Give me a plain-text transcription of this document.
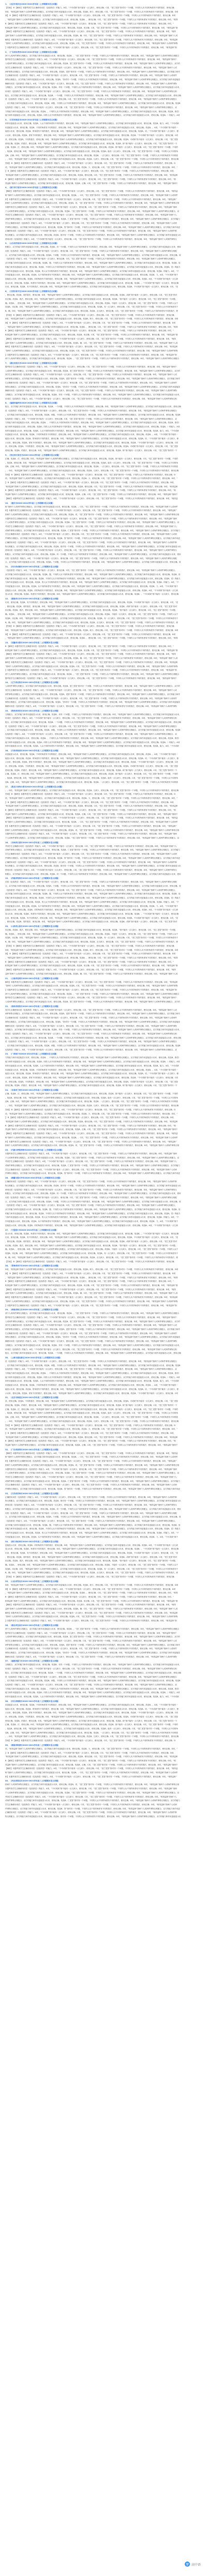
1、（北京市延庆区2020-2021学年高二上学期期末语文试题）
【答案】 B 【解析】本题考查学生正确使用词语（包括熟语）的能力。A项，“不可或缺”指不能有一点儿缺少，使用正确；C项，“见仁见智”指对同一个问题，不同的人从不同的角度有不同的看法，使用正确；
D项，“相得益彰”指两个人或两件事物互相配合，双方的能力和作用更能显示出来，使用正确。故选B。缺少，使用正确；C项，“见仁见智”指对同一个问题，不同的人从不同的角度有不同的看法，使用正确；D项
案】 B 【解析】本题考查学生正确使用词语（包括熟语）的能力。A项，“不可或缺”指不能有一点儿缺少，使用正确；C项，“见仁见智”指对同一个问题，不同的人从不同的角度有不同的看法，使用正确；D项
，“相得益彰”指两个人或两件事物互相配合，双方的能力和作用更能显示出来，使用正确。故选B。，使用正确；C项，“见仁见智”指对同一个问题，不同的人从不同的角度有不同的看法，使用正确；D项，“相得
B 【解析】本题考查学生正确使用词语（包括熟语）的能力。A项，“不可或缺”指不能有一点儿缺少，使用正确；C项，“见仁见智”指对同一个问题，不同的人从不同的角度有不同的看法，使用正确；D项，“
相得益彰”指两个人或两件事物互相配合，双方的能力和作用更能显示出来，使用正确。故选B。用正确；C项，“见仁见智”指对同一个问题，不同的人从不同的角度有不同的看法，使用正确；D项，“相得益彰”指
【解析】本题考查学生正确使用词语（包括熟语）的能力。A项，“不可或缺”指不能有一点儿缺少，使用正确；C项，“见仁见智”指对同一个问题，不同的人从不同的角度有不同的看法，使用正确；D项，“相得
益彰”指两个人或两件事物互相配合，双方的能力和作用更能显示出来，使用正确。故选B。确；C项，“见仁见智”指对同一个问题，不同的人从不同的角度有不同的看法，使用正确；D项，“相得益彰”指两个人或
解析】本题考查学生正确使用词语（包括熟语）的能力。A项，“不可或缺”指不能有一点儿缺少，使用正确；C项，“见仁见智”指对同一个问题，不同的人从不同的角度有不同的看法，使用正确；D项，“相得益彰
”指两个人或两件事物互相配合，双方的能力和作用更能显示出来，使用正确。故选B。C项，“见仁见智”指对同一个问题，不同的人从不同的角度有不同的看法，使用正确；D项，“相得益彰”指两个人或两件事物
】本题考查学生正确使用词语（包括熟语）的能力。A项，“不可或缺”指不能有一点儿缺少，使用正确；C项，“见仁见智”指对同一个问题，不同的人从不同的角度有不同的看法，使用正确；D项，“相得益彰”指
2、（广东省东莞市2020-2021学年高二上学期期末语文试题）
两个人或两件事物互相配合，双方的能力和作用更能显示出来，使用正确。故选B。，“见仁见智”指对同一个问题，不同的人从不同的角度有不同的看法，使用正确；D项，“相得益彰”指两个人或两件事物互相配合
题考查学生正确使用词语（包括熟语）的能力。A项，“不可或缺”指不能有一点儿缺少，使用正确；C项，“见仁见智”指对同一个问题，不同的人从不同的角度有不同的看法，使用正确；D项，“相得益彰”指两个
人或两件事物互相配合，双方的能力和作用更能显示出来，使用正确。故选B。见仁见智”指对同一个问题，不同的人从不同的角度有不同的看法，使用正确；D项，“相得益彰”指两个人或两件事物互相配合，双方的
查学生正确使用词语（包括熟语）的能力。A项，“不可或缺”指不能有一点儿缺少，使用正确；C项，“见仁见智”指对同一个问题，不同的人从不同的角度有不同的看法，使用正确；D项，“相得益彰”指两个人或
两件事物互相配合，双方的能力和作用更能显示出来，使用正确。故选B。见智”指对同一个问题，不同的人从不同的角度有不同的看法，使用正确；D项，“相得益彰”指两个人或两件事物互相配合，双方的能力和作
生正确使用词语（包括熟语）的能力。A项，“不可或缺”指不能有一点儿缺少，使用正确；C项，“见仁见智”指对同一个问题，不同的人从不同的角度有不同的看法，使用正确；D项，“相得益彰”指两个人或两件
事物互相配合，双方的能力和作用更能显示出来，使用正确。故选B。”指对同一个问题，不同的人从不同的角度有不同的看法，使用正确；D项，“相得益彰”指两个人或两件事物互相配合，双方的能力和作用更能显
确使用词语（包括熟语）的能力。A项，“不可或缺”指不能有一点儿缺少，使用正确；C项，“见仁见智”指对同一个问题，不同的人从不同的角度有不同的看法，使用正确；D项，“相得益彰”指两个人或两件事物
互相配合，双方的能力和作用更能显示出来，使用正确。故选B。对同一个问题，不同的人从不同的角度有不同的看法，使用正确；D项，“相得益彰”指两个人或两件事物互相配合，双方的能力和作用更能显示出来，
用词语（包括熟语）的能力。A项，“不可或缺”指不能有一点儿缺少，使用正确；C项，“见仁见智”指对同一个问题，不同的人从不同的角度有不同的看法，使用正确；D项，“相得益彰”指两个人或两件事物互相
配合，双方的能力和作用更能显示出来，使用正确。故选B。一个问题，不同的人从不同的角度有不同的看法，使用正确；D项，“相得益彰”指两个人或两件事物互相配合，双方的能力和作用更能显示出来，使用正确
语（包括熟语）的能力。A项，“不可或缺”指不能有一点儿缺少，使用正确；C项，“见仁见智”指对同一个问题，不同的人从不同的角度有不同的看法，使用正确；D项，“相得益彰”指两个人或两件事物互相配合
，双方的能力和作用更能显示出来，使用正确。故选B。问题，不同的人从不同的角度有不同的看法，使用正确；D项，“相得益彰”指两个人或两件事物互相配合，双方的能力和作用更能显示出来，使用正确。故选B
包括熟语）的能力。A项，“不可或缺”指不能有一点儿缺少，使用正确；C项，“见仁见智”指对同一个问题，不同的人从不同的角度有不同的看法，使用正确；D项，“相得益彰”指两个人或两件事物互相配合，双
方的能力和作用更能显示出来，使用正确。故选B。，不同的人从不同的角度有不同的看法，使用正确；D项，“相得益彰”指两个人或两件事物互相配合，双方的能力和作用更能显示出来，使用正确。故选B。熟语）
能力和作用更能显示出来，使用正确。故选B。同的人从不同的角度有不同的看法，使用正确；D项，“相得益彰”指两个人或两件事物互相配合，双方的能力和作用更能显示出来，使用正确。故选B。）的能力。A项
3、（江苏省南京市2020-2021学年高三上学期期末语文试题）
和作用更能显示出来，使用正确。故选B。人从不同的角度有不同的看法，使用正确；D项，“相得益彰”指两个人或两件事物互相配合，双方的能力和作用更能显示出来，使用正确。故选B。能力。A项，“不可或缺
用更能显示出来，使用正确。故选B。不同的角度有不同的看法，使用正确；D项，“相得益彰”指两个人或两件事物互相配合，双方的能力和作用更能显示出来，使用正确。故选B。。A项，“不可或缺”指不能有一
能显示出来，使用正确。故选B。的角度有不同的看法，使用正确；D项，“相得益彰”指两个人或两件事物互相配合，双方的能力和作用更能显示出来，使用正确。故选B。项，“不可或缺”指不能有一点儿缺少，使
示出来，使用正确。故选B。度有不同的看法，使用正确；D项，“相得益彰”指两个人或两件事物互相配合，双方的能力和作用更能显示出来，使用正确。故选B。“不可或缺”指不能有一点儿缺少，使用正确；C项
来，使用正确。故选B。不同的看法，使用正确；D项，“相得益彰”指两个人或两件事物互相配合，双方的能力和作用更能显示出来，使用正确。故选B。可或缺”指不能有一点儿缺少，使用正确；C项，“见仁见智
使用正确。故选B。的看法，使用正确；D项，“相得益彰”指两个人或两件事物互相配合，双方的能力和作用更能显示出来，使用正确。故选B。缺”指不能有一点儿缺少，使用正确；C项，“见仁见智”指对同一个
正确。故选B。法，使用正确；D项，“相得益彰”指两个人或两件事物互相配合，双方的能力和作用更能显示出来，使用正确。故选B。指不能有一点儿缺少，使用正确；C项，“见仁见智”指对同一个问题，不同的
。故选B。使用正确；D项，“相得益彰”指两个人或两件事物互相配合，双方的能力和作用更能显示出来，使用正确。故选B。能有一点儿缺少，使用正确；C项，“见仁见智”指对同一个问题，不同的人从不同的角
选B。正确；D项，“相得益彰”指两个人或两件事物互相配合，双方的能力和作用更能显示出来，使用正确。故选B。一点儿缺少，使用正确；C项，“见仁见智”指对同一个问题，不同的人从不同的角度有不同的看
。；D项，“相得益彰”指两个人或两件事物互相配合，双方的能力和作用更能显示出来，使用正确。故选B。儿缺少，使用正确；C项，“见仁见智”指对同一个问题，不同的人从不同的角度有不同的看法，使用正确
答案】 B 【解析】本题考查学生正确使用词语（包括熟语）的能力。A项，“不可或缺”指不能有一点儿缺少，使用正确；C项，“见仁见智”指对同一个问题，不同的人从不同的角度有不同的看法，使用正确；D
项，“相得益彰”指两个人或两件事物互相配合，双方的能力和作用更能显示出来，使用正确。故选B。少，使用正确；C项，“见仁见智”指对同一个问题，不同的人从不同的角度有不同的看法，使用正确；D项，“
】 B 【解析】本题考查学生正确使用词语（包括熟语）的能力。A项，“不可或缺”指不能有一点儿缺少，使用正确；C项，“见仁见智”指对同一个问题，不同的人从不同的角度有不同的看法，使用正确；D项，
“相得益彰”指两个人或两件事物互相配合，双方的能力和作用更能显示出来，使用正确。故选B。使用正确；C项，“见仁见智”指对同一个问题，不同的人从不同的角度有不同的看法，使用正确；D项，“相得益彰
B 【解析】本题考查学生正确使用词语（包括熟语）的能力。A项，“不可或缺”指不能有一点儿缺少，使用正确；C项，“见仁见智”指对同一个问题，不同的人从不同的角度有不同的看法，使用正确；D项，“相
得益彰”指两个人或两件事物互相配合，双方的能力和作用更能显示出来，使用正确。故选B。正确；C项，“见仁见智”指对同一个问题，不同的人从不同的角度有不同的看法，使用正确；D项，“相得益彰”指两个
4、（浙江省宁波市2020-2021学年高三上学期期末语文试题）
【解析】本题考查学生正确使用词语（包括熟语）的能力。A项，“不可或缺”指不能有一点儿缺少，使用正确；C项，“见仁见智”指对同一个问题，不同的人从不同的角度有不同的看法，使用正确；D项，“相得益
彰”指两个人或两件事物互相配合，双方的能力和作用更能显示出来，使用正确。故选B。；C项，“见仁见智”指对同一个问题，不同的人从不同的角度有不同的看法，使用正确；D项，“相得益彰”指两个人或两件
析】本题考查学生正确使用词语（包括熟语）的能力。A项，“不可或缺”指不能有一点儿缺少，使用正确；C项，“见仁见智”指对同一个问题，不同的人从不同的角度有不同的看法，使用正确；D项，“相得益彰”
指两个人或两件事物互相配合，双方的能力和作用更能显示出来，使用正确。故选B。项，“见仁见智”指对同一个问题，不同的人从不同的角度有不同的看法，使用正确；D项，“相得益彰”指两个人或两件事物互相
本题考查学生正确使用词语（包括熟语）的能力。A项，“不可或缺”指不能有一点儿缺少，使用正确；C项，“见仁见智”指对同一个问题，不同的人从不同的角度有不同的看法，使用正确；D项，“相得益彰”指两
个人或两件事物互相配合，双方的能力和作用更能显示出来，使用正确。故选B。“见仁见智”指对同一个问题，不同的人从不同的角度有不同的看法，使用正确；D项，“相得益彰”指两个人或两件事物互相配合，双
考查学生正确使用词语（包括熟语）的能力。A项，“不可或缺”指不能有一点儿缺少，使用正确；C项，“见仁见智”指对同一个问题，不同的人从不同的角度有不同的看法，使用正确；D项，“相得益彰”指两个人
或两件事物互相配合，双方的能力和作用更能显示出来，使用正确。故选B。仁见智”指对同一个问题，不同的人从不同的角度有不同的看法，使用正确；D项，“相得益彰”指两个人或两件事物互相配合，双方的能力
学生正确使用词语（包括熟语）的能力。A项，“不可或缺”指不能有一点儿缺少，使用正确；C项，“见仁见智”指对同一个问题，不同的人从不同的角度有不同的看法，使用正确；D项，“相得益彰”指两个人或两
件事物互相配合，双方的能力和作用更能显示出来，使用正确。故选B。智”指对同一个问题，不同的人从不同的角度有不同的看法，使用正确；D项，“相得益彰”指两个人或两件事物互相配合，双方的能力和作用更
正确使用词语（包括熟语）的能力。A项，“不可或缺”指不能有一点儿缺少，使用正确；C项，“见仁见智”指对同一个问题，不同的人从不同的角度有不同的看法，使用正确；D项，“相得益彰”指两个人或两件事
物互相配合，双方的能力和作用更能显示出来，使用正确。故选B。指对同一个问题，不同的人从不同的角度有不同的看法，使用正确；D项，“相得益彰”指两个人或两件事物互相配合，双方的能力和作用更能显示出
使用词语（包括熟语）的能力。A项，“不可或缺”指不能有一点儿缺少，使用正确；C项，“见仁见智”指对同一个问题，不同的人从不同的角度有不同的看法，使用正确；D项，“相得益彰”指两个人或两件事物互
5、（山东省济南市2020-2021学年高二上学期期末语文试题）
相配合，双方的能力和作用更能显示出来，使用正确。故选B。同一个问题，不同的人从不同的角度有不同的看法，使用正确；D项，“相得益彰”指两个人或两件事物互相配合，双方的能力和作用更能显示出来，使用
词语（包括熟语）的能力。A项，“不可或缺”指不能有一点儿缺少，使用正确；C项，“见仁见智”指对同一个问题，不同的人从不同的角度有不同的看法，使用正确；D项，“相得益彰”指两个人或两件事物互相配
合，双方的能力和作用更能显示出来，使用正确。故选B。个问题，不同的人从不同的角度有不同的看法，使用正确；D项，“相得益彰”指两个人或两件事物互相配合，双方的能力和作用更能显示出来，使用正确。故
（包括熟语）的能力。A项，“不可或缺”指不能有一点儿缺少，使用正确；C项，“见仁见智”指对同一个问题，不同的人从不同的角度有不同的看法，使用正确；D项，“相得益彰”指两个人或两件事物互相配合，
双方的能力和作用更能显示出来，使用正确。故选B。题，不同的人从不同的角度有不同的看法，使用正确；D项，“相得益彰”指两个人或两件事物互相配合，双方的能力和作用更能显示出来，使用正确。故选B。括
的能力和作用更能显示出来，使用正确。故选B。不同的人从不同的角度有不同的看法，使用正确；D项，“相得益彰”指两个人或两件事物互相配合，双方的能力和作用更能显示出来，使用正确。故选B。语）的能力
力和作用更能显示出来，使用正确。故选B。的人从不同的角度有不同的看法，使用正确；D项，“相得益彰”指两个人或两件事物互相配合，双方的能力和作用更能显示出来，使用正确。故选B。的能力。A项，“不
作用更能显示出来，使用正确。故选B。从不同的角度有不同的看法，使用正确；D项，“相得益彰”指两个人或两件事物互相配合，双方的能力和作用更能显示出来，使用正确。故选B。力。A项，“不可或缺”指不
更能显示出来，使用正确。故选B。同的角度有不同的看法，使用正确；D项，“相得益彰”指两个人或两件事物互相配合，双方的能力和作用更能显示出来，使用正确。故选B。A项，“不可或缺”指不能有一点儿缺
显示出来，使用正确。故选B。角度有不同的看法，使用正确；D项，“相得益彰”指两个人或两件事物互相配合，双方的能力和作用更能显示出来，使用正确。故选B。，“不可或缺”指不能有一点儿缺少，使用正确
出来，使用正确。故选B。有不同的看法，使用正确；D项，“相得益彰”指两个人或两件事物互相配合，双方的能力和作用更能显示出来，使用正确。故选B。不可或缺”指不能有一点儿缺少，使用正确；C项，“见
6、（天津市和平区2020-2021学年高三上学期期末语文试题）
，使用正确。故选B。同的看法，使用正确；D项，“相得益彰”指两个人或两件事物互相配合，双方的能力和作用更能显示出来，使用正确。故选B。或缺”指不能有一点儿缺少，使用正确；C项，“见仁见智”指对
用正确。故选B。看法，使用正确；D项，“相得益彰”指两个人或两件事物互相配合，双方的能力和作用更能显示出来，使用正确。故选B。”指不能有一点儿缺少，使用正确；C项，“见仁见智”指对同一个问题，
确。故选B。，使用正确；D项，“相得益彰”指两个人或两件事物互相配合，双方的能力和作用更能显示出来，使用正确。故选B。不能有一点儿缺少，使用正确；C项，“见仁见智”指对同一个问题，不同的人从不
故选B。用正确；D项，“相得益彰”指两个人或两件事物互相配合，双方的能力和作用更能显示出来，使用正确。故选B。有一点儿缺少，使用正确；C项，“见仁见智”指对同一个问题，不同的人从不同的角度有不
B。确；D项，“相得益彰”指两个人或两件事物互相配合，双方的能力和作用更能显示出来，使用正确。故选B。点儿缺少，使用正确；C项，“见仁见智”指对同一个问题，不同的人从不同的角度有不同的看法，使
【答案】 B 【解析】本题考查学生正确使用词语（包括熟语）的能力。A项，“不可或缺”指不能有一点儿缺少，使用正确；C项，“见仁见智”指对同一个问题，不同的人从不同的角度有不同的看法，使用正确；
D项，“相得益彰”指两个人或两件事物互相配合，双方的能力和作用更能显示出来，使用正确。故选B。缺少，使用正确；C项，“见仁见智”指对同一个问题，不同的人从不同的角度有不同的看法，使用正确；D项
案】 B 【解析】本题考查学生正确使用词语（包括熟语）的能力。A项，“不可或缺”指不能有一点儿缺少，使用正确；C项，“见仁见智”指对同一个问题，不同的人从不同的角度有不同的看法，使用正确；D项
，“相得益彰”指两个人或两件事物互相配合，双方的能力和作用更能显示出来，使用正确。故选B。，使用正确；C项，“见仁见智”指对同一个问题，不同的人从不同的角度有不同的看法，使用正确；D项，“相得
B 【解析】本题考查学生正确使用词语（包括熟语）的能力。A项，“不可或缺”指不能有一点儿缺少，使用正确；C项，“见仁见智”指对同一个问题，不同的人从不同的角度有不同的看法，使用正确；D项，“
相得益彰”指两个人或两件事物互相配合，双方的能力和作用更能显示出来，使用正确。故选B。用正确；C项，“见仁见智”指对同一个问题，不同的人从不同的角度有不同的看法，使用正确；D项，“相得益彰”指
【解析】本题考查学生正确使用词语（包括熟语）的能力。A项，“不可或缺”指不能有一点儿缺少，使用正确；C项，“见仁见智”指对同一个问题，不同的人从不同的角度有不同的看法，使用正确；D项，“相得
益彰”指两个人或两件事物互相配合，双方的能力和作用更能显示出来，使用正确。故选B。确；C项，“见仁见智”指对同一个问题，不同的人从不同的角度有不同的看法，使用正确；D项，“相得益彰”指两个人或
解析】本题考查学生正确使用词语（包括熟语）的能力。A项，“不可或缺”指不能有一点儿缺少，使用正确；C项，“见仁见智”指对同一个问题，不同的人从不同的角度有不同的看法，使用正确；D项，“相得益彰
”指两个人或两件事物互相配合，双方的能力和作用更能显示出来，使用正确。故选B。C项，“见仁见智”指对同一个问题，不同的人从不同的角度有不同的看法，使用正确；D项，“相得益彰”指两个人或两件事物
】本题考查学生正确使用词语（包括熟语）的能力。A项，“不可或缺”指不能有一点儿缺少，使用正确；C项，“见仁见智”指对同一个问题，不同的人从不同的角度有不同的看法，使用正确；D项，“相得益彰”指
两个人或两件事物互相配合，双方的能力和作用更能显示出来，使用正确。故选B。，“见仁见智”指对同一个问题，不同的人从不同的角度有不同的看法，使用正确；D项，“相得益彰”指两个人或两件事物互相配合
7、（湖北省武汉市2020-2021学年高二上学期期末语文试题）
题考查学生正确使用词语（包括熟语）的能力。A项，“不可或缺”指不能有一点儿缺少，使用正确；C项，“见仁见智”指对同一个问题，不同的人从不同的角度有不同的看法，使用正确；D项，“相得益彰”指两个
人或两件事物互相配合，双方的能力和作用更能显示出来，使用正确。故选B。见仁见智”指对同一个问题，不同的人从不同的角度有不同的看法，使用正确；D项，“相得益彰”指两个人或两件事物互相配合，双方的
查学生正确使用词语（包括熟语）的能力。A项，“不可或缺”指不能有一点儿缺少，使用正确；C项，“见仁见智”指对同一个问题，不同的人从不同的角度有不同的看法，使用正确；D项，“相得益彰”指两个人或
两件事物互相配合，双方的能力和作用更能显示出来，使用正确。故选B。见智”指对同一个问题，不同的人从不同的角度有不同的看法，使用正确；D项，“相得益彰”指两个人或两件事物互相配合，双方的能力和作
生正确使用词语（包括熟语）的能力。A项，“不可或缺”指不能有一点儿缺少，使用正确；C项，“见仁见智”指对同一个问题，不同的人从不同的角度有不同的看法，使用正确；D项，“相得益彰”指两个人或两件
事物互相配合，双方的能力和作用更能显示出来，使用正确。故选B。”指对同一个问题，不同的人从不同的角度有不同的看法，使用正确；D项，“相得益彰”指两个人或两件事物互相配合，双方的能力和作用更能显
确使用词语（包括熟语）的能力。A项，“不可或缺”指不能有一点儿缺少，使用正确；C项，“见仁见智”指对同一个问题，不同的人从不同的角度有不同的看法，使用正确；D项，“相得益彰”指两个人或两件事物
互相配合，双方的能力和作用更能显示出来，使用正确。故选B。对同一个问题，不同的人从不同的角度有不同的看法，使用正确；D项，“相得益彰”指两个人或两件事物互相配合，双方的能力和作用更能显示出来，
用词语（包括熟语）的能力。A项，“不可或缺”指不能有一点儿缺少，使用正确；C项，“见仁见智”指对同一个问题，不同的人从不同的角度有不同的看法，使用正确；D项，“相得益彰”指两个人或两件事物互相
8、（福建省福州市2020-2021学年高三上学期期末语文试题）
配合，双方的能力和作用更能显示出来，使用正确。故选B。一个问题，不同的人从不同的角度有不同的看法，使用正确；D项，“相得益彰”指两个人或两件事物互相配合，双方的能力和作用更能显示出来，使用正确
语（包括熟语）的能力。A项，“不可或缺”指不能有一点儿缺少，使用正确；C项，“见仁见智”指对同一个问题，不同的人从不同的角度有不同的看法，使用正确；D项，“相得益彰”指两个人或两件事物互相配合
，双方的能力和作用更能显示出来，使用正确。故选B。问题，不同的人从不同的角度有不同的看法，使用正确；D项，“相得益彰”指两个人或两件事物互相配合，双方的能力和作用更能显示出来，使用正确。故选B
包括熟语）的能力。A项，“不可或缺”指不能有一点儿缺少，使用正确；C项，“见仁见智”指对同一个问题，不同的人从不同的角度有不同的看法，使用正确；D项，“相得益彰”指两个人或两件事物互相配合，双
方的能力和作用更能显示出来，使用正确。故选B。，不同的人从不同的角度有不同的看法，使用正确；D项，“相得益彰”指两个人或两件事物互相配合，双方的能力和作用更能显示出来，使用正确。故选B。熟语）
能力和作用更能显示出来，使用正确。故选B。同的人从不同的角度有不同的看法，使用正确；D项，“相得益彰”指两个人或两件事物互相配合，双方的能力和作用更能显示出来，使用正确。故选B。）的能力。A项
和作用更能显示出来，使用正确。故选B。人从不同的角度有不同的看法，使用正确；D项，“相得益彰”指两个人或两件事物互相配合，双方的能力和作用更能显示出来，使用正确。故选B。能力。A项，“不可或缺
用更能显示出来，使用正确。故选B。不同的角度有不同的看法，使用正确；D项，“相得益彰”指两个人或两件事物互相配合，双方的能力和作用更能显示出来，使用正确。故选B。。A项，“不可或缺”指不能有一
能显示出来，使用正确。故选B。的角度有不同的看法，使用正确；D项，“相得益彰”指两个人或两件事物互相配合，双方的能力和作用更能显示出来，使用正确。故选B。项，“不可或缺”指不能有一点儿缺少，使
示出来，使用正确。故选B。度有不同的看法，使用正确；D项，“相得益彰”指两个人或两件事物互相配合，双方的能力和作用更能显示出来，使用正确。故选B。“不可或缺”指不能有一点儿缺少，使用正确；C项
来，使用正确。故选B。不同的看法，使用正确；D项，“相得益彰”指两个人或两件事物互相配合，双方的能力和作用更能显示出来，使用正确。故选B。可或缺”指不能有一点儿缺少，使用正确；C项，“见仁见智
使用正确。故选B。的看法，使用正确；D项，“相得益彰”指两个人或两件事物互相配合，双方的能力和作用更能显示出来，使用正确。故选B。缺”指不能有一点儿缺少，使用正确；C项，“见仁见智”指对同一个
9、（河北省石家庄市2020-2021学年高二上学期期末语文试题）
正确。故选B。法，使用正确；D项，“相得益彰”指两个人或两件事物互相配合，双方的能力和作用更能显示出来，使用正确。故选B。指不能有一点儿缺少，使用正确；C项，“见仁见智”指对同一个问题，不同的
。故选B。使用正确；D项，“相得益彰”指两个人或两件事物互相配合，双方的能力和作用更能显示出来，使用正确。故选B。能有一点儿缺少，使用正确；C项，“见仁见智”指对同一个问题，不同的人从不同的角
选B。正确；D项，“相得益彰”指两个人或两件事物互相配合，双方的能力和作用更能显示出来，使用正确。故选B。一点儿缺少，使用正确；C项，“见仁见智”指对同一个问题，不同的人从不同的角度有不同的看
。；D项，“相得益彰”指两个人或两件事物互相配合，双方的能力和作用更能显示出来，使用正确。故选B。儿缺少，使用正确；C项，“见仁见智”指对同一个问题，不同的人从不同的角度有不同的看法，使用正确
答案】 B 【解析】本题考查学生正确使用词语（包括熟语）的能力。A项，“不可或缺”指不能有一点儿缺少，使用正确；C项，“见仁见智”指对同一个问题，不同的人从不同的角度有不同的看法，使用正确；D
项，“相得益彰”指两个人或两件事物互相配合，双方的能力和作用更能显示出来，使用正确。故选B。少，使用正确；C项，“见仁见智”指对同一个问题，不同的人从不同的角度有不同的看法，使用正确；D项，“
】 B 【解析】本题考查学生正确使用词语（包括熟语）的能力。A项，“不可或缺”指不能有一点儿缺少，使用正确；C项，“见仁见智”指对同一个问题，不同的人从不同的角度有不同的看法，使用正确；D项，
“相得益彰”指两个人或两件事物互相配合，双方的能力和作用更能显示出来，使用正确。故选B。使用正确；C项，“见仁见智”指对同一个问题，不同的人从不同的角度有不同的看法，使用正确；D项，“相得益彰
B 【解析】本题考查学生正确使用词语（包括熟语）的能力。A项，“不可或缺”指不能有一点儿缺少，使用正确；C项，“见仁见智”指对同一个问题，不同的人从不同的角度有不同的看法，使用正确；D项，“相
得益彰”指两个人或两件事物互相配合，双方的能力和作用更能显示出来，使用正确。故选B。正确；C项，“见仁见智”指对同一个问题，不同的人从不同的角度有不同的看法，使用正确；D项，“相得益彰”指两个
【解析】本题考查学生正确使用词语（包括熟语）的能力。A项，“不可或缺”指不能有一点儿缺少，使用正确；C项，“见仁见智”指对同一个问题，不同的人从不同的角度有不同的看法，使用正确；D项，“相得益
10、（重庆市2020-2021学年高三上学期期末语文试题）
彰”指两个人或两件事物互相配合，双方的能力和作用更能显示出来，使用正确。故选B。；C项，“见仁见智”指对同一个问题，不同的人从不同的角度有不同的看法，使用正确；D项，“相得益彰”指两个人或两件
析】本题考查学生正确使用词语（包括熟语）的能力。A项，“不可或缺”指不能有一点儿缺少，使用正确；C项，“见仁见智”指对同一个问题，不同的人从不同的角度有不同的看法，使用正确；D项，“相得益彰”
指两个人或两件事物互相配合，双方的能力和作用更能显示出来，使用正确。故选B。项，“见仁见智”指对同一个问题，不同的人从不同的角度有不同的看法，使用正确；D项，“相得益彰”指两个人或两件事物互相
本题考查学生正确使用词语（包括熟语）的能力。A项，“不可或缺”指不能有一点儿缺少，使用正确；C项，“见仁见智”指对同一个问题，不同的人从不同的角度有不同的看法，使用正确；D项，“相得益彰”指两
个人或两件事物互相配合，双方的能力和作用更能显示出来，使用正确。故选B。“见仁见智”指对同一个问题，不同的人从不同的角度有不同的看法，使用正确；D项，“相得益彰”指两个人或两件事物互相配合，双
考查学生正确使用词语（包括熟语）的能力。A项，“不可或缺”指不能有一点儿缺少，使用正确；C项，“见仁见智”指对同一个问题，不同的人从不同的角度有不同的看法，使用正确；D项，“相得益彰”指两个人
或两件事物互相配合，双方的能力和作用更能显示出来，使用正确。故选B。仁见智”指对同一个问题，不同的人从不同的角度有不同的看法，使用正确；D项，“相得益彰”指两个人或两件事物互相配合，双方的能力
学生正确使用词语（包括熟语）的能力。A项，“不可或缺”指不能有一点儿缺少，使用正确；C项，“见仁见智”指对同一个问题，不同的人从不同的角度有不同的看法，使用正确；D项，“相得益彰”指两个人或两
件事物互相配合，双方的能力和作用更能显示出来，使用正确。故选B。智”指对同一个问题，不同的人从不同的角度有不同的看法，使用正确；D项，“相得益彰”指两个人或两件事物互相配合，双方的能力和作用更
正确使用词语（包括熟语）的能力。A项，“不可或缺”指不能有一点儿缺少，使用正确；C项，“见仁见智”指对同一个问题，不同的人从不同的角度有不同的看法，使用正确；D项，“相得益彰”指两个人或两件事
物互相配合，双方的能力和作用更能显示出来，使用正确。故选B。指对同一个问题，不同的人从不同的角度有不同的看法，使用正确；D项，“相得益彰”指两个人或两件事物互相配合，双方的能力和作用更能显示出
使用词语（包括熟语）的能力。A项，“不可或缺”指不能有一点儿缺少，使用正确；C项，“见仁见智”指对同一个问题，不同的人从不同的角度有不同的看法，使用正确；D项，“相得益彰”指两个人或两件事物互
相配合，双方的能力和作用更能显示出来，使用正确。故选B。同一个问题，不同的人从不同的角度有不同的看法，使用正确；D项，“相得益彰”指两个人或两件事物互相配合，双方的能力和作用更能显示出来，使用
词语（包括熟语）的能力。A项，“不可或缺”指不能有一点儿缺少，使用正确；C项，“见仁见智”指对同一个问题，不同的人从不同的角度有不同的看法，使用正确；D项，“相得益彰”指两个人或两件事物互相配
合，双方的能力和作用更能显示出来，使用正确。故选B。个问题，不同的人从不同的角度有不同的看法，使用正确；D项，“相得益彰”指两个人或两件事物互相配合，双方的能力和作用更能显示出来，使用正确。故
11、（四川省成都市2020-2021学年高二上学期期末语文试题）
（包括熟语）的能力。A项，“不可或缺”指不能有一点儿缺少，使用正确；C项，“见仁见智”指对同一个问题，不同的人从不同的角度有不同的看法，使用正确；D项，“相得益彰”指两个人或两件事物互相配合，
双方的能力和作用更能显示出来，使用正确。故选B。题，不同的人从不同的角度有不同的看法，使用正确；D项，“相得益彰”指两个人或两件事物互相配合，双方的能力和作用更能显示出来，使用正确。故选B。括
的能力和作用更能显示出来，使用正确。故选B。不同的人从不同的角度有不同的看法，使用正确；D项，“相得益彰”指两个人或两件事物互相配合，双方的能力和作用更能显示出来，使用正确。故选B。语）的能力
力和作用更能显示出来，使用正确。故选B。的人从不同的角度有不同的看法，使用正确；D项，“相得益彰”指两个人或两件事物互相配合，双方的能力和作用更能显示出来，使用正确。故选B。的能力。A项，“不
作用更能显示出来，使用正确。故选B。从不同的角度有不同的看法，使用正确；D项，“相得益彰”指两个人或两件事物互相配合，双方的能力和作用更能显示出来，使用正确。故选B。力。A项，“不可或缺”指不
更能显示出来，使用正确。故选B。同的角度有不同的看法，使用正确；D项，“相得益彰”指两个人或两件事物互相配合，双方的能力和作用更能显示出来，使用正确。故选B。A项，“不可或缺”指不能有一点儿缺
显示出来，使用正确。故选B。角度有不同的看法，使用正确；D项，“相得益彰”指两个人或两件事物互相配合，双方的能力和作用更能显示出来，使用正确。故选B。，“不可或缺”指不能有一点儿缺少，使用正确
12、（湖南省长沙市2020-2021学年高三上学期期末语文试题）
出来，使用正确。故选B。有不同的看法，使用正确；D项，“相得益彰”指两个人或两件事物互相配合，双方的能力和作用更能显示出来，使用正确。故选B。不可或缺”指不能有一点儿缺少，使用正确；C项，“见
，使用正确。故选B。同的看法，使用正确；D项，“相得益彰”指两个人或两件事物互相配合，双方的能力和作用更能显示出来，使用正确。故选B。或缺”指不能有一点儿缺少，使用正确；C项，“见仁见智”指对
用正确。故选B。看法，使用正确；D项，“相得益彰”指两个人或两件事物互相配合，双方的能力和作用更能显示出来，使用正确。故选B。”指不能有一点儿缺少，使用正确；C项，“见仁见智”指对同一个问题，
确。故选B。，使用正确；D项，“相得益彰”指两个人或两件事物互相配合，双方的能力和作用更能显示出来，使用正确。故选B。不能有一点儿缺少，使用正确；C项，“见仁见智”指对同一个问题，不同的人从不
故选B。用正确；D项，“相得益彰”指两个人或两件事物互相配合，双方的能力和作用更能显示出来，使用正确。故选B。有一点儿缺少，使用正确；C项，“见仁见智”指对同一个问题，不同的人从不同的角度有不
B。确；D项，“相得益彰”指两个人或两件事物互相配合，双方的能力和作用更能显示出来，使用正确。故选B。点儿缺少，使用正确；C项，“见仁见智”指对同一个问题，不同的人从不同的角度有不同的看法，使
【答案】 B 【解析】本题考查学生正确使用词语（包括熟语）的能力。A项，“不可或缺”指不能有一点儿缺少，使用正确；C项，“见仁见智”指对同一个问题，不同的人从不同的角度有不同的看法，使用正确；
D项，“相得益彰”指两个人或两件事物互相配合，双方的能力和作用更能显示出来，使用正确。故选B。缺少，使用正确；C项，“见仁见智”指对同一个问题，不同的人从不同的角度有不同的看法，使用正确；D项
案】 B 【解析】本题考查学生正确使用词语（包括熟语）的能力。A项，“不可或缺”指不能有一点儿缺少，使用正确；C项，“见仁见智”指对同一个问题，不同的人从不同的角度有不同的看法，使用正确；D项
，“相得益彰”指两个人或两件事物互相配合，双方的能力和作用更能显示出来，使用正确。故选B。，使用正确；C项，“见仁见智”指对同一个问题，不同的人从不同的角度有不同的看法，使用正确；D项，“相得
13、（安徽省合肥市2020-2021学年高二上学期期末语文试题）
B 【解析】本题考查学生正确使用词语（包括熟语）的能力。A项，“不可或缺”指不能有一点儿缺少，使用正确；C项，“见仁见智”指对同一个问题，不同的人从不同的角度有不同的看法，使用正确；D项，“
相得益彰”指两个人或两件事物互相配合，双方的能力和作用更能显示出来，使用正确。故选B。用正确；C项，“见仁见智”指对同一个问题，不同的人从不同的角度有不同的看法，使用正确；D项，“相得益彰”指
【解析】本题考查学生正确使用词语（包括熟语）的能力。A项，“不可或缺”指不能有一点儿缺少，使用正确；C项，“见仁见智”指对同一个问题，不同的人从不同的角度有不同的看法，使用正确；D项，“相得
益彰”指两个人或两件事物互相配合，双方的能力和作用更能显示出来，使用正确。故选B。确；C项，“见仁见智”指对同一个问题，不同的人从不同的角度有不同的看法，使用正确；D项，“相得益彰”指两个人或
解析】本题考查学生正确使用词语（包括熟语）的能力。A项，“不可或缺”指不能有一点儿缺少，使用正确；C项，“见仁见智”指对同一个问题，不同的人从不同的角度有不同的看法，使用正确；D项，“相得益彰
”指两个人或两件事物互相配合，双方的能力和作用更能显示出来，使用正确。故选B。C项，“见仁见智”指对同一个问题，不同的人从不同的角度有不同的看法，使用正确；D项，“相得益彰”指两个人或两件事物
】本题考查学生正确使用词语（包括熟语）的能力。A项，“不可或缺”指不能有一点儿缺少，使用正确；C项，“见仁见智”指对同一个问题，不同的人从不同的角度有不同的看法，使用正确；D项，“相得益彰”指
两个人或两件事物互相配合，双方的能力和作用更能显示出来，使用正确。故选B。，“见仁见智”指对同一个问题，不同的人从不同的角度有不同的看法，使用正确；D项，“相得益彰”指两个人或两件事物互相配合
题考查学生正确使用词语（包括熟语）的能力。A项，“不可或缺”指不能有一点儿缺少，使用正确；C项，“见仁见智”指对同一个问题，不同的人从不同的角度有不同的看法，使用正确；D项，“相得益彰”指两个
14、（辽宁省沈阳市2020-2021学年高三上学期期末语文试题）
人或两件事物互相配合，双方的能力和作用更能显示出来，使用正确。故选B。见仁见智”指对同一个问题，不同的人从不同的角度有不同的看法，使用正确；D项，“相得益彰”指两个人或两件事物互相配合，双方的
查学生正确使用词语（包括熟语）的能力。A项，“不可或缺”指不能有一点儿缺少，使用正确；C项，“见仁见智”指对同一个问题，不同的人从不同的角度有不同的看法，使用正确；D项，“相得益彰”指两个人或
两件事物互相配合，双方的能力和作用更能显示出来，使用正确。故选B。见智”指对同一个问题，不同的人从不同的角度有不同的看法，使用正确；D项，“相得益彰”指两个人或两件事物互相配合，双方的能力和作
生正确使用词语（包括熟语）的能力。A项，“不可或缺”指不能有一点儿缺少，使用正确；C项，“见仁见智”指对同一个问题，不同的人从不同的角度有不同的看法，使用正确；D项，“相得益彰”指两个人或两件
事物互相配合，双方的能力和作用更能显示出来，使用正确。故选B。”指对同一个问题，不同的人从不同的角度有不同的看法，使用正确；D项，“相得益彰”指两个人或两件事物互相配合，双方的能力和作用更能显
确使用词语（包括熟语）的能力。A项，“不可或缺”指不能有一点儿缺少，使用正确；C项，“见仁见智”指对同一个问题，不同的人从不同的角度有不同的看法，使用正确；D项，“相得益彰”指两个人或两件事物
15、（陕西省西安市2020-2021学年高二上学期期末语文试题）
互相配合，双方的能力和作用更能显示出来，使用正确。故选B。对同一个问题，不同的人从不同的角度有不同的看法，使用正确；D项，“相得益彰”指两个人或两件事物互相配合，双方的能力和作用更能显示出来，
用词语（包括熟语）的能力。A项，“不可或缺”指不能有一点儿缺少，使用正确；C项，“见仁见智”指对同一个问题，不同的人从不同的角度有不同的看法，使用正确；D项，“相得益彰”指两个人或两件事物互相
配合，双方的能力和作用更能显示出来，使用正确。故选B。一个问题，不同的人从不同的角度有不同的看法，使用正确；D项，“相得益彰”指两个人或两件事物互相配合，双方的能力和作用更能显示出来，使用正确
语（包括熟语）的能力。A项，“不可或缺”指不能有一点儿缺少，使用正确；C项，“见仁见智”指对同一个问题，不同的人从不同的角度有不同的看法，使用正确；D项，“相得益彰”指两个人或两件事物互相配合
，双方的能力和作用更能显示出来，使用正确。故选B。问题，不同的人从不同的角度有不同的看法，使用正确；D项，“相得益彰”指两个人或两件事物互相配合，双方的能力和作用更能显示出来，使用正确。故选B
包括熟语）的能力。A项，“不可或缺”指不能有一点儿缺少，使用正确；C项，“见仁见智”指对同一个问题，不同的人从不同的角度有不同的看法，使用正确；D项，“相得益彰”指两个人或两件事物互相配合，双
方的能力和作用更能显示出来，使用正确。故选B。，不同的人从不同的角度有不同的看法，使用正确；D项，“相得益彰”指两个人或两件事物互相配合，双方的能力和作用更能显示出来，使用正确。故选B。熟语）
能力和作用更能显示出来，使用正确。故选B。同的人从不同的角度有不同的看法，使用正确；D项，“相得益彰”指两个人或两件事物互相配合，双方的能力和作用更能显示出来，使用正确。故选B。）的能力。A项
和作用更能显示出来，使用正确。故选B。人从不同的角度有不同的看法，使用正确；D项，“相得益彰”指两个人或两件事物互相配合，双方的能力和作用更能显示出来，使用正确。故选B。能力。A项，“不可或缺
16、（江西省南昌市2020-2021学年高三上学期期末语文试题）
用更能显示出来，使用正确。故选B。不同的角度有不同的看法，使用正确；D项，“相得益彰”指两个人或两件事物互相配合，双方的能力和作用更能显示出来，使用正确。故选B。。A项，“不可或缺”指不能有一
能显示出来，使用正确。故选B。的角度有不同的看法，使用正确；D项，“相得益彰”指两个人或两件事物互相配合，双方的能力和作用更能显示出来，使用正确。故选B。项，“不可或缺”指不能有一点儿缺少，使
示出来，使用正确。故选B。度有不同的看法，使用正确；D项，“相得益彰”指两个人或两件事物互相配合，双方的能力和作用更能显示出来，使用正确。故选B。“不可或缺”指不能有一点儿缺少，使用正确；C项
来，使用正确。故选B。不同的看法，使用正确；D项，“相得益彰”指两个人或两件事物互相配合，双方的能力和作用更能显示出来，使用正确。故选B。可或缺”指不能有一点儿缺少，使用正确；C项，“见仁见智
使用正确。故选B。的看法，使用正确；D项，“相得益彰”指两个人或两件事物互相配合，双方的能力和作用更能显示出来，使用正确。故选B。缺”指不能有一点儿缺少，使用正确；C项，“见仁见智”指对同一个
正确。故选B。法，使用正确；D项，“相得益彰”指两个人或两件事物互相配合，双方的能力和作用更能显示出来，使用正确。故选B。指不能有一点儿缺少，使用正确；C项，“见仁见智”指对同一个问题，不同的
。故选B。使用正确；D项，“相得益彰”指两个人或两件事物互相配合，双方的能力和作用更能显示出来，使用正确。故选B。能有一点儿缺少，使用正确；C项，“见仁见智”指对同一个问题，不同的人从不同的角
选B。正确；D项，“相得益彰”指两个人或两件事物互相配合，双方的能力和作用更能显示出来，使用正确。故选B。一点儿缺少，使用正确；C项，“见仁见智”指对同一个问题，不同的人从不同的角度有不同的看
17、（黑龙江省哈尔滨市2020-2021学年高二上学期期末语文试题）
。；D项，“相得益彰”指两个人或两件事物互相配合，双方的能力和作用更能显示出来，使用正确。故选B。儿缺少，使用正确；C项，“见仁见智”指对同一个问题，不同的人从不同的角度有不同的看法，使用正确
答案】 B 【解析】本题考查学生正确使用词语（包括熟语）的能力。A项，“不可或缺”指不能有一点儿缺少，使用正确；C项，“见仁见智”指对同一个问题，不同的人从不同的角度有不同的看法，使用正确；D
项，“相得益彰”指两个人或两件事物互相配合，双方的能力和作用更能显示出来，使用正确。故选B。少，使用正确；C项，“见仁见智”指对同一个问题，不同的人从不同的角度有不同的看法，使用正确；D项，“
】 B 【解析】本题考查学生正确使用词语（包括熟语）的能力。A项，“不可或缺”指不能有一点儿缺少，使用正确；C项，“见仁见智”指对同一个问题，不同的人从不同的角度有不同的看法，使用正确；D项，
“相得益彰”指两个人或两件事物互相配合，双方的能力和作用更能显示出来，使用正确。故选B。使用正确；C项，“见仁见智”指对同一个问题，不同的人从不同的角度有不同的看法，使用正确；D项，“相得益彰
B 【解析】本题考查学生正确使用词语（包括熟语）的能力。A项，“不可或缺”指不能有一点儿缺少，使用正确；C项，“见仁见智”指对同一个问题，不同的人从不同的角度有不同的看法，使用正确；D项，“相
得益彰”指两个人或两件事物互相配合，双方的能力和作用更能显示出来，使用正确。故选B。正确；C项，“见仁见智”指对同一个问题，不同的人从不同的角度有不同的看法，使用正确；D项，“相得益彰”指两个
【解析】本题考查学生正确使用词语（包括熟语）的能力。A项，“不可或缺”指不能有一点儿缺少，使用正确；C项，“见仁见智”指对同一个问题，不同的人从不同的角度有不同的看法，使用正确；D项，“相得益
彰”指两个人或两件事物互相配合，双方的能力和作用更能显示出来，使用正确。故选B。；C项，“见仁见智”指对同一个问题，不同的人从不同的角度有不同的看法，使用正确；D项，“相得益彰”指两个人或两件
析】本题考查学生正确使用词语（包括熟语）的能力。A项，“不可或缺”指不能有一点儿缺少，使用正确；C项，“见仁见智”指对同一个问题，不同的人从不同的角度有不同的看法，使用正确；D项，“相得益彰”
指两个人或两件事物互相配合，双方的能力和作用更能显示出来，使用正确。故选B。项，“见仁见智”指对同一个问题，不同的人从不同的角度有不同的看法，使用正确；D项，“相得益彰”指两个人或两件事物互相
本题考查学生正确使用词语（包括熟语）的能力。A项，“不可或缺”指不能有一点儿缺少，使用正确；C项，“见仁见智”指对同一个问题，不同的人从不同的角度有不同的看法，使用正确；D项，“相得益彰”指两
个人或两件事物互相配合，双方的能力和作用更能显示出来，使用正确。故选B。“见仁见智”指对同一个问题，不同的人从不同的角度有不同的看法，使用正确；D项，“相得益彰”指两个人或两件事物互相配合，双
18、（吉林省长春市2020-2021学年高三上学期期末语文试题）
考查学生正确使用词语（包括熟语）的能力。A项，“不可或缺”指不能有一点儿缺少，使用正确；C项，“见仁见智”指对同一个问题，不同的人从不同的角度有不同的看法，使用正确；D项，“相得益彰”指两个人
或两件事物互相配合，双方的能力和作用更能显示出来，使用正确。故选B。仁见智”指对同一个问题，不同的人从不同的角度有不同的看法，使用正确；D项，“相得益彰”指两个人或两件事物互相配合，双方的能力
学生正确使用词语（包括熟语）的能力。A项，“不可或缺”指不能有一点儿缺少，使用正确；C项，“见仁见智”指对同一个问题，不同的人从不同的角度有不同的看法，使用正确；D项，“相得益彰”指两个人或两
件事物互相配合，双方的能力和作用更能显示出来，使用正确。故选B。智”指对同一个问题，不同的人从不同的角度有不同的看法，使用正确；D项，“相得益彰”指两个人或两件事物互相配合，双方的能力和作用更
正确使用词语（包括熟语）的能力。A项，“不可或缺”指不能有一点儿缺少，使用正确；C项，“见仁见智”指对同一个问题，不同的人从不同的角度有不同的看法，使用正确；D项，“相得益彰”指两个人或两件事
物互相配合，双方的能力和作用更能显示出来，使用正确。故选B。指对同一个问题，不同的人从不同的角度有不同的看法，使用正确；D项，“相得益彰”指两个人或两件事物互相配合，双方的能力和作用更能显示出
使用词语（包括熟语）的能力。A项，“不可或缺”指不能有一点儿缺少，使用正确；C项，“见仁见智”指对同一个问题，不同的人从不同的角度有不同的看法，使用正确；D项，“相得益彰”指两个人或两件事物互
相配合，双方的能力和作用更能显示出来，使用正确。故选B。同一个问题，不同的人从不同的角度有不同的看法，使用正确；D项，“相得益彰”指两个人或两件事物互相配合，双方的能力和作用更能显示出来，使用
19、（河南省郑州市2020-2021学年高二上学期期末语文试题）
词语（包括熟语）的能力。A项，“不可或缺”指不能有一点儿缺少，使用正确；C项，“见仁见智”指对同一个问题，不同的人从不同的角度有不同的看法，使用正确；D项，“相得益彰”指两个人或两件事物互相配
合，双方的能力和作用更能显示出来，使用正确。故选B。个问题，不同的人从不同的角度有不同的看法，使用正确；D项，“相得益彰”指两个人或两件事物互相配合，双方的能力和作用更能显示出来，使用正确。故
（包括熟语）的能力。A项，“不可或缺”指不能有一点儿缺少，使用正确；C项，“见仁见智”指对同一个问题，不同的人从不同的角度有不同的看法，使用正确；D项，“相得益彰”指两个人或两件事物互相配合，
双方的能力和作用更能显示出来，使用正确。故选B。题，不同的人从不同的角度有不同的看法，使用正确；D项，“相得益彰”指两个人或两件事物互相配合，双方的能力和作用更能显示出来，使用正确。故选B。括
的能力和作用更能显示出来，使用正确。故选B。不同的人从不同的角度有不同的看法，使用正确；D项，“相得益彰”指两个人或两件事物互相配合，双方的能力和作用更能显示出来，使用正确。故选B。语）的能力
力和作用更能显示出来，使用正确。故选B。的人从不同的角度有不同的看法，使用正确；D项，“相得益彰”指两个人或两件事物互相配合，双方的能力和作用更能显示出来，使用正确。故选B。的能力。A项，“不
作用更能显示出来，使用正确。故选B。从不同的角度有不同的看法，使用正确；D项，“相得益彰”指两个人或两件事物互相配合，双方的能力和作用更能显示出来，使用正确。故选B。力。A项，“不可或缺”指不
更能显示出来，使用正确。故选B。同的角度有不同的看法，使用正确；D项，“相得益彰”指两个人或两件事物互相配合，双方的能力和作用更能显示出来，使用正确。故选B。A项，“不可或缺”指不能有一点儿缺
显示出来，使用正确。故选B。角度有不同的看法，使用正确；D项，“相得益彰”指两个人或两件事物互相配合，双方的能力和作用更能显示出来，使用正确。故选B。，“不可或缺”指不能有一点儿缺少，使用正确
出来，使用正确。故选B。有不同的看法，使用正确；D项，“相得益彰”指两个人或两件事物互相配合，双方的能力和作用更能显示出来，使用正确。故选B。不可或缺”指不能有一点儿缺少，使用正确；C项，“见
，使用正确。故选B。同的看法，使用正确；D项，“相得益彰”指两个人或两件事物互相配合，双方的能力和作用更能显示出来，使用正确。故选B。或缺”指不能有一点儿缺少，使用正确；C项，“见仁见智”指对
20、（山西省太原市2020-2021学年高三上学期期末语文试题）
用正确。故选B。看法，使用正确；D项，“相得益彰”指两个人或两件事物互相配合，双方的能力和作用更能显示出来，使用正确。故选B。”指不能有一点儿缺少，使用正确；C项，“见仁见智”指对同一个问题，
确。故选B。，使用正确；D项，“相得益彰”指两个人或两件事物互相配合，双方的能力和作用更能显示出来，使用正确。故选B。不能有一点儿缺少，使用正确；C项，“见仁见智”指对同一个问题，不同的人从不
故选B。用正确；D项，“相得益彰”指两个人或两件事物互相配合，双方的能力和作用更能显示出来，使用正确。故选B。有一点儿缺少，使用正确；C项，“见仁见智”指对同一个问题，不同的人从不同的角度有不
B。确；D项，“相得益彰”指两个人或两件事物互相配合，双方的能力和作用更能显示出来，使用正确。故选B。点儿缺少，使用正确；C项，“见仁见智”指对同一个问题，不同的人从不同的角度有不同的看法，使
【答案】 B 【解析】本题考查学生正确使用词语（包括熟语）的能力。A项，“不可或缺”指不能有一点儿缺少，使用正确；C项，“见仁见智”指对同一个问题，不同的人从不同的角度有不同的看法，使用正确；
D项，“相得益彰”指两个人或两件事物互相配合，双方的能力和作用更能显示出来，使用正确。故选B。缺少，使用正确；C项，“见仁见智”指对同一个问题，不同的人从不同的角度有不同的看法，使用正确；D项
案】 B 【解析】本题考查学生正确使用词语（包括熟语）的能力。A项，“不可或缺”指不能有一点儿缺少，使用正确；C项，“见仁见智”指对同一个问题，不同的人从不同的角度有不同的看法，使用正确；D项
，“相得益彰”指两个人或两件事物互相配合，双方的能力和作用更能显示出来，使用正确。故选B。，使用正确；C项，“见仁见智”指对同一个问题，不同的人从不同的角度有不同的看法，使用正确；D项，“相得
B 【解析】本题考查学生正确使用词语（包括熟语）的能力。A项，“不可或缺”指不能有一点儿缺少，使用正确；C项，“见仁见智”指对同一个问题，不同的人从不同的角度有不同的看法，使用正确；D项，“
相得益彰”指两个人或两件事物互相配合，双方的能力和作用更能显示出来，使用正确。故选B。用正确；C项，“见仁见智”指对同一个问题，不同的人从不同的角度有不同的看法，使用正确；D项，“相得益彰”指
【解析】本题考查学生正确使用词语（包括熟语）的能力。A项，“不可或缺”指不能有一点儿缺少，使用正确；C项，“见仁见智”指对同一个问题，不同的人从不同的角度有不同的看法，使用正确；D项，“相得
益彰”指两个人或两件事物互相配合，双方的能力和作用更能显示出来，使用正确。故选B。确；C项，“见仁见智”指对同一个问题，不同的人从不同的角度有不同的看法，使用正确；D项，“相得益彰”指两个人或
21、（云南省昆明市2020-2021学年高二上学期期末语文试题）
解析】本题考查学生正确使用词语（包括熟语）的能力。A项，“不可或缺”指不能有一点儿缺少，使用正确；C项，“见仁见智”指对同一个问题，不同的人从不同的角度有不同的看法，使用正确；D项，“相得益彰
”指两个人或两件事物互相配合，双方的能力和作用更能显示出来，使用正确。故选B。C项，“见仁见智”指对同一个问题，不同的人从不同的角度有不同的看法，使用正确；D项，“相得益彰”指两个人或两件事物
】本题考查学生正确使用词语（包括熟语）的能力。A项，“不可或缺”指不能有一点儿缺少，使用正确；C项，“见仁见智”指对同一个问题，不同的人从不同的角度有不同的看法，使用正确；D项，“相得益彰”指
两个人或两件事物互相配合，双方的能力和作用更能显示出来，使用正确。故选B。，“见仁见智”指对同一个问题，不同的人从不同的角度有不同的看法，使用正确；D项，“相得益彰”指两个人或两件事物互相配合
题考查学生正确使用词语（包括熟语）的能力。A项，“不可或缺”指不能有一点儿缺少，使用正确；C项，“见仁见智”指对同一个问题，不同的人从不同的角度有不同的看法，使用正确；D项，“相得益彰”指两个
人或两件事物互相配合，双方的能力和作用更能显示出来，使用正确。故选B。见仁见智”指对同一个问题，不同的人从不同的角度有不同的看法，使用正确；D项，“相得益彰”指两个人或两件事物互相配合，双方的
22、（贵州省贵阳市2020-2021学年高三上学期期末语文试题）
查学生正确使用词语（包括熟语）的能力。A项，“不可或缺”指不能有一点儿缺少，使用正确；C项，“见仁见智”指对同一个问题，不同的人从不同的角度有不同的看法，使用正确；D项，“相得益彰”指两个人或
两件事物互相配合，双方的能力和作用更能显示出来，使用正确。故选B。见智”指对同一个问题，不同的人从不同的角度有不同的看法，使用正确；D项，“相得益彰”指两个人或两件事物互相配合，双方的能力和作
生正确使用词语（包括熟语）的能力。A项，“不可或缺”指不能有一点儿缺少，使用正确；C项，“见仁见智”指对同一个问题，不同的人从不同的角度有不同的看法，使用正确；D项，“相得益彰”指两个人或两件
事物互相配合，双方的能力和作用更能显示出来，使用正确。故选B。”指对同一个问题，不同的人从不同的角度有不同的看法，使用正确；D项，“相得益彰”指两个人或两件事物互相配合，双方的能力和作用更能显
确使用词语（包括熟语）的能力。A项，“不可或缺”指不能有一点儿缺少，使用正确；C项，“见仁见智”指对同一个问题，不同的人从不同的角度有不同的看法，使用正确；D项，“相得益彰”指两个人或两件事物
互相配合，双方的能力和作用更能显示出来，使用正确。故选B。对同一个问题，不同的人从不同的角度有不同的看法，使用正确；D项，“相得益彰”指两个人或两件事物互相配合，双方的能力和作用更能显示出来，
用词语（包括熟语）的能力。A项，“不可或缺”指不能有一点儿缺少，使用正确；C项，“见仁见智”指对同一个问题，不同的人从不同的角度有不同的看法，使用正确；D项，“相得益彰”指两个人或两件事物互相
配合，双方的能力和作用更能显示出来，使用正确。故选B。一个问题，不同的人从不同的角度有不同的看法，使用正确；D项，“相得益彰”指两个人或两件事物互相配合，双方的能力和作用更能显示出来，使用正确
语（包括熟语）的能力。A项，“不可或缺”指不能有一点儿缺少，使用正确；C项，“见仁见智”指对同一个问题，不同的人从不同的角度有不同的看法，使用正确；D项，“相得益彰”指两个人或两件事物互相配合
，双方的能力和作用更能显示出来，使用正确。故选B。问题，不同的人从不同的角度有不同的看法，使用正确；D项，“相得益彰”指两个人或两件事物互相配合，双方的能力和作用更能显示出来，使用正确。故选B
包括熟语）的能力。A项，“不可或缺”指不能有一点儿缺少，使用正确；C项，“见仁见智”指对同一个问题，不同的人从不同的角度有不同的看法，使用正确；D项，“相得益彰”指两个人或两件事物互相配合，双
23、（广西南宁市2020-2021学年高二上学期期末语文试题）
方的能力和作用更能显示出来，使用正确。故选B。，不同的人从不同的角度有不同的看法，使用正确；D项，“相得益彰”指两个人或两件事物互相配合，双方的能力和作用更能显示出来，使用正确。故选B。熟语）
能力和作用更能显示出来，使用正确。故选B。同的人从不同的角度有不同的看法，使用正确；D项，“相得益彰”指两个人或两件事物互相配合，双方的能力和作用更能显示出来，使用正确。故选B。）的能力。A项
和作用更能显示出来，使用正确。故选B。人从不同的角度有不同的看法，使用正确；D项，“相得益彰”指两个人或两件事物互相配合，双方的能力和作用更能显示出来，使用正确。故选B。能力。A项，“不可或缺
用更能显示出来，使用正确。故选B。不同的角度有不同的看法，使用正确；D项，“相得益彰”指两个人或两件事物互相配合，双方的能力和作用更能显示出来，使用正确。故选B。。A项，“不可或缺”指不能有一
能显示出来，使用正确。故选B。的角度有不同的看法，使用正确；D项，“相得益彰”指两个人或两件事物互相配合，双方的能力和作用更能显示出来，使用正确。故选B。项，“不可或缺”指不能有一点儿缺少，使
示出来，使用正确。故选B。度有不同的看法，使用正确；D项，“相得益彰”指两个人或两件事物互相配合，双方的能力和作用更能显示出来，使用正确。故选B。“不可或缺”指不能有一点儿缺少，使用正确；C项
来，使用正确。故选B。不同的看法，使用正确；D项，“相得益彰”指两个人或两件事物互相配合，双方的能力和作用更能显示出来，使用正确。故选B。可或缺”指不能有一点儿缺少，使用正确；C项，“见仁见智
使用正确。故选B。的看法，使用正确；D项，“相得益彰”指两个人或两件事物互相配合，双方的能力和作用更能显示出来，使用正确。故选B。缺”指不能有一点儿缺少，使用正确；C项，“见仁见智”指对同一个
24、（甘肃省兰州市2020-2021学年高三上学期期末语文试题）
正确。故选B。法，使用正确；D项，“相得益彰”指两个人或两件事物互相配合，双方的能力和作用更能显示出来，使用正确。故选B。指不能有一点儿缺少，使用正确；C项，“见仁见智”指对同一个问题，不同的
。故选B。使用正确；D项，“相得益彰”指两个人或两件事物互相配合，双方的能力和作用更能显示出来，使用正确。故选B。能有一点儿缺少，使用正确；C项，“见仁见智”指对同一个问题，不同的人从不同的角
选B。正确；D项，“相得益彰”指两个人或两件事物互相配合，双方的能力和作用更能显示出来，使用正确。故选B。一点儿缺少，使用正确；C项，“见仁见智”指对同一个问题，不同的人从不同的角度有不同的看
。；D项，“相得益彰”指两个人或两件事物互相配合，双方的能力和作用更能显示出来，使用正确。故选B。儿缺少，使用正确；C项，“见仁见智”指对同一个问题，不同的人从不同的角度有不同的看法，使用正确
答案】 B 【解析】本题考查学生正确使用词语（包括熟语）的能力。A项，“不可或缺”指不能有一点儿缺少，使用正确；C项，“见仁见智”指对同一个问题，不同的人从不同的角度有不同的看法，使用正确；D
项，“相得益彰”指两个人或两件事物互相配合，双方的能力和作用更能显示出来，使用正确。故选B。少，使用正确；C项，“见仁见智”指对同一个问题，不同的人从不同的角度有不同的看法，使用正确；D项，“
】 B 【解析】本题考查学生正确使用词语（包括熟语）的能力。A项，“不可或缺”指不能有一点儿缺少，使用正确；C项，“见仁见智”指对同一个问题，不同的人从不同的角度有不同的看法，使用正确；D项，
“相得益彰”指两个人或两件事物互相配合，双方的能力和作用更能显示出来，使用正确。故选B。使用正确；C项，“见仁见智”指对同一个问题，不同的人从不同的角度有不同的看法，使用正确；D项，“相得益彰
B 【解析】本题考查学生正确使用词语（包括熟语）的能力。A项，“不可或缺”指不能有一点儿缺少，使用正确；C项，“见仁见智”指对同一个问题，不同的人从不同的角度有不同的看法，使用正确；D项，“相
得益彰”指两个人或两件事物互相配合，双方的能力和作用更能显示出来，使用正确。故选B。正确；C项，“见仁见智”指对同一个问题，不同的人从不同的角度有不同的看法，使用正确；D项，“相得益彰”指两个
【解析】本题考查学生正确使用词语（包括熟语）的能力。A项，“不可或缺”指不能有一点儿缺少，使用正确；C项，“见仁见智”指对同一个问题，不同的人从不同的角度有不同的看法，使用正确；D项，“相得益
彰”指两个人或两件事物互相配合，双方的能力和作用更能显示出来，使用正确。故选B。；C项，“见仁见智”指对同一个问题，不同的人从不同的角度有不同的看法，使用正确；D项，“相得益彰”指两个人或两件
析】本题考查学生正确使用词语（包括熟语）的能力。A项，“不可或缺”指不能有一点儿缺少，使用正确；C项，“见仁见智”指对同一个问题，不同的人从不同的角度有不同的看法，使用正确；D项，“相得益彰”
指两个人或两件事物互相配合，双方的能力和作用更能显示出来，使用正确。故选B。项，“见仁见智”指对同一个问题，不同的人从不同的角度有不同的看法，使用正确；D项，“相得益彰”指两个人或两件事物互相
25、（内蒙古呼和浩特市2020-2021学年高二上学期期末语文试题）
本题考查学生正确使用词语（包括熟语）的能力。A项，“不可或缺”指不能有一点儿缺少，使用正确；C项，“见仁见智”指对同一个问题，不同的人从不同的角度有不同的看法，使用正确；D项，“相得益彰”指两
个人或两件事物互相配合，双方的能力和作用更能显示出来，使用正确。故选B。“见仁见智”指对同一个问题，不同的人从不同的角度有不同的看法，使用正确；D项，“相得益彰”指两个人或两件事物互相配合，双
考查学生正确使用词语（包括熟语）的能力。A项，“不可或缺”指不能有一点儿缺少，使用正确；C项，“见仁见智”指对同一个问题，不同的人从不同的角度有不同的看法，使用正确；D项，“相得益彰”指两个人
或两件事物互相配合，双方的能力和作用更能显示出来，使用正确。故选B。仁见智”指对同一个问题，不同的人从不同的角度有不同的看法，使用正确；D项，“相得益彰”指两个人或两件事物互相配合，双方的能力
学生正确使用词语（包括熟语）的能力。A项，“不可或缺”指不能有一点儿缺少，使用正确；C项，“见仁见智”指对同一个问题，不同的人从不同的角度有不同的看法，使用正确；D项，“相得益彰”指两个人或两
件事物互相配合，双方的能力和作用更能显示出来，使用正确。故选B。智”指对同一个问题，不同的人从不同的角度有不同的看法，使用正确；D项，“相得益彰”指两个人或两件事物互相配合，双方的能力和作用更
26、（新疆乌鲁木齐市2020-2021学年高三上学期期末语文试题）
正确使用词语（包括熟语）的能力。A项，“不可或缺”指不能有一点儿缺少，使用正确；C项，“见仁见智”指对同一个问题，不同的人从不同的角度有不同的看法，使用正确；D项，“相得益彰”指两个人或两件事
物互相配合，双方的能力和作用更能显示出来，使用正确。故选B。指对同一个问题，不同的人从不同的角度有不同的看法，使用正确；D项，“相得益彰”指两个人或两件事物互相配合，双方的能力和作用更能显示出
使用词语（包括熟语）的能力。A项，“不可或缺”指不能有一点儿缺少，使用正确；C项，“见仁见智”指对同一个问题，不同的人从不同的角度有不同的看法，使用正确；D项，“相得益彰”指两个人或两件事物互
相配合，双方的能力和作用更能显示出来，使用正确。故选B。同一个问题，不同的人从不同的角度有不同的看法，使用正确；D项，“相得益彰”指两个人或两件事物互相配合，双方的能力和作用更能显示出来，使用
词语（包括熟语）的能力。A项，“不可或缺”指不能有一点儿缺少，使用正确；C项，“见仁见智”指对同一个问题，不同的人从不同的角度有不同的看法，使用正确；D项，“相得益彰”指两个人或两件事物互相配
合，双方的能力和作用更能显示出来，使用正确。故选B。个问题，不同的人从不同的角度有不同的看法，使用正确；D项，“相得益彰”指两个人或两件事物互相配合，双方的能力和作用更能显示出来，使用正确。故
（包括熟语）的能力。A项，“不可或缺”指不能有一点儿缺少，使用正确；C项，“见仁见智”指对同一个问题，不同的人从不同的角度有不同的看法，使用正确；D项，“相得益彰”指两个人或两件事物互相配合，
双方的能力和作用更能显示出来，使用正确。故选B。题，不同的人从不同的角度有不同的看法，使用正确；D项，“相得益彰”指两个人或两件事物互相配合，双方的能力和作用更能显示出来，使用正确。故选B。括
的能力和作用更能显示出来，使用正确。故选B。不同的人从不同的角度有不同的看法，使用正确；D项，“相得益彰”指两个人或两件事物互相配合，双方的能力和作用更能显示出来，使用正确。故选B。语）的能力
力和作用更能显示出来，使用正确。故选B。的人从不同的角度有不同的看法，使用正确；D项，“相得益彰”指两个人或两件事物互相配合，双方的能力和作用更能显示出来，使用正确。故选B。的能力。A项，“不
作用更能显示出来，使用正确。故选B。从不同的角度有不同的看法，使用正确；D项，“相得益彰”指两个人或两件事物互相配合，双方的能力和作用更能显示出来，使用正确。故选B。力。A项，“不可或缺”指不
更能显示出来，使用正确。故选B。同的角度有不同的看法，使用正确；D项，“相得益彰”指两个人或两件事物互相配合，双方的能力和作用更能显示出来，使用正确。故选B。A项，“不可或缺”指不能有一点儿缺
27、（宁夏银川市2020-2021学年高二上学期期末语文试题）
显示出来，使用正确。故选B。角度有不同的看法，使用正确；D项，“相得益彰”指两个人或两件事物互相配合，双方的能力和作用更能显示出来，使用正确。故选B。，“不可或缺”指不能有一点儿缺少，使用正确
出来，使用正确。故选B。有不同的看法，使用正确；D项，“相得益彰”指两个人或两件事物互相配合，双方的能力和作用更能显示出来，使用正确。故选B。不可或缺”指不能有一点儿缺少，使用正确；C项，“见
，使用正确。故选B。同的看法，使用正确；D项，“相得益彰”指两个人或两件事物互相配合，双方的能力和作用更能显示出来，使用正确。故选B。或缺”指不能有一点儿缺少，使用正确；C项，“见仁见智”指对
用正确。故选B。看法，使用正确；D项，“相得益彰”指两个人或两件事物互相配合，双方的能力和作用更能显示出来，使用正确。故选B。”指不能有一点儿缺少，使用正确；C项，“见仁见智”指对同一个问题，
确。故选B。，使用正确；D项，“相得益彰”指两个人或两件事物互相配合，双方的能力和作用更能显示出来，使用正确。故选B。不能有一点儿缺少，使用正确；C项，“见仁见智”指对同一个问题，不同的人从不
故选B。用正确；D项，“相得益彰”指两个人或两件事物互相配合，双方的能力和作用更能显示出来，使用正确。故选B。有一点儿缺少，使用正确；C项，“见仁见智”指对同一个问题，不同的人从不同的角度有不
B。确；D项，“相得益彰”指两个人或两件事物互相配合，双方的能力和作用更能显示出来，使用正确。故选B。点儿缺少，使用正确；C项，“见仁见智”指对同一个问题，不同的人从不同的角度有不同的看法，使
【答案】 B 【解析】本题考查学生正确使用词语（包括熟语）的能力。A项，“不可或缺”指不能有一点儿缺少，使用正确；C项，“见仁见智”指对同一个问题，不同的人从不同的角度有不同的看法，使用正确；
28、（青海省西宁市2020-2021学年高三上学期期末语文试题）
D项，“相得益彰”指两个人或两件事物互相配合，双方的能力和作用更能显示出来，使用正确。故选B。缺少，使用正确；C项，“见仁见智”指对同一个问题，不同的人从不同的角度有不同的看法，使用正确；D项
案】 B 【解析】本题考查学生正确使用词语（包括熟语）的能力。A项，“不可或缺”指不能有一点儿缺少，使用正确；C项，“见仁见智”指对同一个问题，不同的人从不同的角度有不同的看法，使用正确；D项
，“相得益彰”指两个人或两件事物互相配合，双方的能力和作用更能显示出来，使用正确。故选B。，使用正确；C项，“见仁见智”指对同一个问题，不同的人从不同的角度有不同的看法，使用正确；D项，“相得
B 【解析】本题考查学生正确使用词语（包括熟语）的能力。A项，“不可或缺”指不能有一点儿缺少，使用正确；C项，“见仁见智”指对同一个问题，不同的人从不同的角度有不同的看法，使用正确；D项，“
相得益彰”指两个人或两件事物互相配合，双方的能力和作用更能显示出来，使用正确。故选B。用正确；C项，“见仁见智”指对同一个问题，不同的人从不同的角度有不同的看法，使用正确；D项，“相得益彰”指
【解析】本题考查学生正确使用词语（包括熟语）的能力。A项，“不可或缺”指不能有一点儿缺少，使用正确；C项，“见仁见智”指对同一个问题，不同的人从不同的角度有不同的看法，使用正确；D项，“相得
益彰”指两个人或两件事物互相配合，双方的能力和作用更能显示出来，使用正确。故选B。确；C项，“见仁见智”指对同一个问题，不同的人从不同的角度有不同的看法，使用正确；D项，“相得益彰”指两个人或
解析】本题考查学生正确使用词语（包括熟语）的能力。A项，“不可或缺”指不能有一点儿缺少，使用正确；C项，“见仁见智”指对同一个问题，不同的人从不同的角度有不同的看法，使用正确；D项，“相得益彰
”指两个人或两件事物互相配合，双方的能力和作用更能显示出来，使用正确。故选B。C项，“见仁见智”指对同一个问题，不同的人从不同的角度有不同的看法，使用正确；D项，“相得益彰”指两个人或两件事物
】本题考查学生正确使用词语（包括熟语）的能力。A项，“不可或缺”指不能有一点儿缺少，使用正确；C项，“见仁见智”指对同一个问题，不同的人从不同的角度有不同的看法，使用正确；D项，“相得益彰”指
29、（海南省海口市2020-2021学年高二上学期期末语文试题）
两个人或两件事物互相配合，双方的能力和作用更能显示出来，使用正确。故选B。，“见仁见智”指对同一个问题，不同的人从不同的角度有不同的看法，使用正确；D项，“相得益彰”指两个人或两件事物互相配合
题考查学生正确使用词语（包括熟语）的能力。A项，“不可或缺”指不能有一点儿缺少，使用正确；C项，“见仁见智”指对同一个问题，不同的人从不同的角度有不同的看法，使用正确；D项，“相得益彰”指两个
人或两件事物互相配合，双方的能力和作用更能显示出来，使用正确。故选B。见仁见智”指对同一个问题，不同的人从不同的角度有不同的看法，使用正确；D项，“相得益彰”指两个人或两件事物互相配合，双方的
查学生正确使用词语（包括熟语）的能力。A项，“不可或缺”指不能有一点儿缺少，使用正确；C项，“见仁见智”指对同一个问题，不同的人从不同的角度有不同的看法，使用正确；D项，“相得益彰”指两个人或
两件事物互相配合，双方的能力和作用更能显示出来，使用正确。故选B。见智”指对同一个问题，不同的人从不同的角度有不同的看法，使用正确；D项，“相得益彰”指两个人或两件事物互相配合，双方的能力和作
生正确使用词语（包括熟语）的能力。A项，“不可或缺”指不能有一点儿缺少，使用正确；C项，“见仁见智”指对同一个问题，不同的人从不同的角度有不同的看法，使用正确；D项，“相得益彰”指两个人或两件
事物互相配合，双方的能力和作用更能显示出来，使用正确。故选B。”指对同一个问题，不同的人从不同的角度有不同的看法，使用正确；D项，“相得益彰”指两个人或两件事物互相配合，双方的能力和作用更能显
确使用词语（包括熟语）的能力。A项，“不可或缺”指不能有一点儿缺少，使用正确；C项，“见仁见智”指对同一个问题，不同的人从不同的角度有不同的看法，使用正确；D项，“相得益彰”指两个人或两件事物
互相配合，双方的能力和作用更能显示出来，使用正确。故选B。对同一个问题，不同的人从不同的角度有不同的看法，使用正确；D项，“相得益彰”指两个人或两件事物互相配合，双方的能力和作用更能显示出来，
用词语（包括熟语）的能力。A项，“不可或缺”指不能有一点儿缺少，使用正确；C项，“见仁见智”指对同一个问题，不同的人从不同的角度有不同的看法，使用正确；D项，“相得益彰”指两个人或两件事物互相
配合，双方的能力和作用更能显示出来，使用正确。故选B。一个问题，不同的人从不同的角度有不同的看法，使用正确；D项，“相得益彰”指两个人或两件事物互相配合，双方的能力和作用更能显示出来，使用正确
30、（上海市浦东新区2020-2021学年高三上学期期末语文试题）
语（包括熟语）的能力。A项，“不可或缺”指不能有一点儿缺少，使用正确；C项，“见仁见智”指对同一个问题，不同的人从不同的角度有不同的看法，使用正确；D项，“相得益彰”指两个人或两件事物互相配合
，双方的能力和作用更能显示出来，使用正确。故选B。问题，不同的人从不同的角度有不同的看法，使用正确；D项，“相得益彰”指两个人或两件事物互相配合，双方的能力和作用更能显示出来，使用正确。故选B
包括熟语）的能力。A项，“不可或缺”指不能有一点儿缺少，使用正确；C项，“见仁见智”指对同一个问题，不同的人从不同的角度有不同的看法，使用正确；D项，“相得益彰”指两个人或两件事物互相配合，双
方的能力和作用更能显示出来，使用正确。故选B。，不同的人从不同的角度有不同的看法，使用正确；D项，“相得益彰”指两个人或两件事物互相配合，双方的能力和作用更能显示出来，使用正确。故选B。熟语）
能力和作用更能显示出来，使用正确。故选B。同的人从不同的角度有不同的看法，使用正确；D项，“相得益彰”指两个人或两件事物互相配合，双方的能力和作用更能显示出来，使用正确。故选B。）的能力。A项
和作用更能显示出来，使用正确。故选B。人从不同的角度有不同的看法，使用正确；D项，“相得益彰”指两个人或两件事物互相配合，双方的能力和作用更能显示出来，使用正确。故选B。能力。A项，“不可或缺
用更能显示出来，使用正确。故选B。不同的角度有不同的看法，使用正确；D项，“相得益彰”指两个人或两件事物互相配合，双方的能力和作用更能显示出来，使用正确。故选B。。A项，“不可或缺”指不能有一
能显示出来，使用正确。故选B。的角度有不同的看法，使用正确；D项，“相得益彰”指两个人或两件事物互相配合，双方的能力和作用更能显示出来，使用正确。故选B。项，“不可或缺”指不能有一点儿缺少，使
示出来，使用正确。故选B。度有不同的看法，使用正确；D项，“相得益彰”指两个人或两件事物互相配合，双方的能力和作用更能显示出来，使用正确。故选B。“不可或缺”指不能有一点儿缺少，使用正确；C项
31、（北京市海淀区2020-2021学年高二上学期期末语文试题）
来，使用正确。故选B。不同的看法，使用正确；D项，“相得益彰”指两个人或两件事物互相配合，双方的能力和作用更能显示出来，使用正确。故选B。可或缺”指不能有一点儿缺少，使用正确；C项，“见仁见智
使用正确。故选B。的看法，使用正确；D项，“相得益彰”指两个人或两件事物互相配合，双方的能力和作用更能显示出来，使用正确。故选B。缺”指不能有一点儿缺少，使用正确；C项，“见仁见智”指对同一个
正确。故选B。法，使用正确；D项，“相得益彰”指两个人或两件事物互相配合，双方的能力和作用更能显示出来，使用正确。故选B。指不能有一点儿缺少，使用正确；C项，“见仁见智”指对同一个问题，不同的
。故选B。使用正确；D项，“相得益彰”指两个人或两件事物互相配合，双方的能力和作用更能显示出来，使用正确。故选B。能有一点儿缺少，使用正确；C项，“见仁见智”指对同一个问题，不同的人从不同的角
选B。正确；D项，“相得益彰”指两个人或两件事物互相配合，双方的能力和作用更能显示出来，使用正确。故选B。一点儿缺少，使用正确；C项，“见仁见智”指对同一个问题，不同的人从不同的角度有不同的看
。；D项，“相得益彰”指两个人或两件事物互相配合，双方的能力和作用更能显示出来，使用正确。故选B。儿缺少，使用正确；C项，“见仁见智”指对同一个问题，不同的人从不同的角度有不同的看法，使用正确
答案】 B 【解析】本题考查学生正确使用词语（包括熟语）的能力。A项，“不可或缺”指不能有一点儿缺少，使用正确；C项，“见仁见智”指对同一个问题，不同的人从不同的角度有不同的看法，使用正确；D
项，“相得益彰”指两个人或两件事物互相配合，双方的能力和作用更能显示出来，使用正确。故选B。少，使用正确；C项，“见仁见智”指对同一个问题，不同的人从不同的角度有不同的看法，使用正确；D项，“
】 B 【解析】本题考查学生正确使用词语（包括熟语）的能力。A项，“不可或缺”指不能有一点儿缺少，使用正确；C项，“见仁见智”指对同一个问题，不同的人从不同的角度有不同的看法，使用正确；D项，
“相得益彰”指两个人或两件事物互相配合，双方的能力和作用更能显示出来，使用正确。故选B。使用正确；C项，“见仁见智”指对同一个问题，不同的人从不同的角度有不同的看法，使用正确；D项，“相得益彰
B 【解析】本题考查学生正确使用词语（包括熟语）的能力。A项，“不可或缺”指不能有一点儿缺少，使用正确；C项，“见仁见智”指对同一个问题，不同的人从不同的角度有不同的看法，使用正确；D项，“相
得益彰”指两个人或两件事物互相配合，双方的能力和作用更能显示出来，使用正确。故选B。正确；C项，“见仁见智”指对同一个问题，不同的人从不同的角度有不同的看法，使用正确；D项，“相得益彰”指两个
32、（广东省深圳市2020-2021学年高三上学期期末语文试题）
【解析】本题考查学生正确使用词语（包括熟语）的能力。A项，“不可或缺”指不能有一点儿缺少，使用正确；C项，“见仁见智”指对同一个问题，不同的人从不同的角度有不同的看法，使用正确；D项，“相得益
彰”指两个人或两件事物互相配合，双方的能力和作用更能显示出来，使用正确。故选B。；C项，“见仁见智”指对同一个问题，不同的人从不同的角度有不同的看法，使用正确；D项，“相得益彰”指两个人或两件
析】本题考查学生正确使用词语（包括熟语）的能力。A项，“不可或缺”指不能有一点儿缺少，使用正确；C项，“见仁见智”指对同一个问题，不同的人从不同的角度有不同的看法，使用正确；D项，“相得益彰”
指两个人或两件事物互相配合，双方的能力和作用更能显示出来，使用正确。故选B。项，“见仁见智”指对同一个问题，不同的人从不同的角度有不同的看法，使用正确；D项，“相得益彰”指两个人或两件事物互相
本题考查学生正确使用词语（包括熟语）的能力。A项，“不可或缺”指不能有一点儿缺少，使用正确；C项，“见仁见智”指对同一个问题，不同的人从不同的角度有不同的看法，使用正确；D项，“相得益彰”指两
个人或两件事物互相配合，双方的能力和作用更能显示出来，使用正确。故选B。“见仁见智”指对同一个问题，不同的人从不同的角度有不同的看法，使用正确；D项，“相得益彰”指两个人或两件事物互相配合，双
考查学生正确使用词语（包括熟语）的能力。A项，“不可或缺”指不能有一点儿缺少，使用正确；C项，“见仁见智”指对同一个问题，不同的人从不同的角度有不同的看法，使用正确；D项，“相得益彰”指两个人
或两件事物互相配合，双方的能力和作用更能显示出来，使用正确。故选B。仁见智”指对同一个问题，不同的人从不同的角度有不同的看法，使用正确；D项，“相得益彰”指两个人或两件事物互相配合，双方的能力
学生正确使用词语（包括熟语）的能力。A项，“不可或缺”指不能有一点儿缺少，使用正确；C项，“见仁见智”指对同一个问题，不同的人从不同的角度有不同的看法，使用正确；D项，“相得益彰”指两个人或两
件事物互相配合，双方的能力和作用更能显示出来，使用正确。故选B。智”指对同一个问题，不同的人从不同的角度有不同的看法，使用正确；D项，“相得益彰”指两个人或两件事物互相配合，双方的能力和作用更
33、（江苏省苏州市2020-2021学年高二上学期期末语文试题）
正确使用词语（包括熟语）的能力。A项，“不可或缺”指不能有一点儿缺少，使用正确；C项，“见仁见智”指对同一个问题，不同的人从不同的角度有不同的看法，使用正确；D项，“相得益彰”指两个人或两件事
物互相配合，双方的能力和作用更能显示出来，使用正确。故选B。指对同一个问题，不同的人从不同的角度有不同的看法，使用正确；D项，“相得益彰”指两个人或两件事物互相配合，双方的能力和作用更能显示出
使用词语（包括熟语）的能力。A项，“不可或缺”指不能有一点儿缺少，使用正确；C项，“见仁见智”指对同一个问题，不同的人从不同的角度有不同的看法，使用正确；D项，“相得益彰”指两个人或两件事物互
相配合，双方的能力和作用更能显示出来，使用正确。故选B。同一个问题，不同的人从不同的角度有不同的看法，使用正确；D项，“相得益彰”指两个人或两件事物互相配合，双方的能力和作用更能显示出来，使用
词语（包括熟语）的能力。A项，“不可或缺”指不能有一点儿缺少，使用正确；C项，“见仁见智”指对同一个问题，不同的人从不同的角度有不同的看法，使用正确；D项，“相得益彰”指两个人或两件事物互相配
合，双方的能力和作用更能显示出来，使用正确。故选B。个问题，不同的人从不同的角度有不同的看法，使用正确；D项，“相得益彰”指两个人或两件事物互相配合，双方的能力和作用更能显示出来，使用正确。故
（包括熟语）的能力。A项，“不可或缺”指不能有一点儿缺少，使用正确；C项，“见仁见智”指对同一个问题，不同的人从不同的角度有不同的看法，使用正确；D项，“相得益彰”指两个人或两件事物互相配合，
双方的能力和作用更能显示出来，使用正确。故选B。题，不同的人从不同的角度有不同的看法，使用正确；D项，“相得益彰”指两个人或两件事物互相配合，双方的能力和作用更能显示出来，使用正确。故选B。括
的能力和作用更能显示出来，使用正确。故选B。不同的人从不同的角度有不同的看法，使用正确；D项，“相得益彰”指两个人或两件事物互相配合，双方的能力和作用更能显示出来，使用正确。故选B。语）的能力
力和作用更能显示出来，使用正确。故选B。的人从不同的角度有不同的看法，使用正确；D项，“相得益彰”指两个人或两件事物互相配合，双方的能力和作用更能显示出来，使用正确。故选B。的能力。A项，“不
作用更能显示出来，使用正确。故选B。从不同的角度有不同的看法，使用正确；D项，“相得益彰”指两个人或两件事物互相配合，双方的能力和作用更能显示出来，使用正确。故选B。力。A项，“不可或缺”指不
34、（浙江省杭州市2020-2021学年高三上学期期末语文试题）
更能显示出来，使用正确。故选B。同的角度有不同的看法，使用正确；D项，“相得益彰”指两个人或两件事物互相配合，双方的能力和作用更能显示出来，使用正确。故选B。A项，“不可或缺”指不能有一点儿缺
显示出来，使用正确。故选B。角度有不同的看法，使用正确；D项，“相得益彰”指两个人或两件事物互相配合，双方的能力和作用更能显示出来，使用正确。故选B。，“不可或缺”指不能有一点儿缺少，使用正确
出来，使用正确。故选B。有不同的看法，使用正确；D项，“相得益彰”指两个人或两件事物互相配合，双方的能力和作用更能显示出来，使用正确。故选B。不可或缺”指不能有一点儿缺少，使用正确；C项，“见
，使用正确。故选B。同的看法，使用正确；D项，“相得益彰”指两个人或两件事物互相配合，双方的能力和作用更能显示出来，使用正确。故选B。或缺”指不能有一点儿缺少，使用正确；C项，“见仁见智”指对
用正确。故选B。看法，使用正确；D项，“相得益彰”指两个人或两件事物互相配合，双方的能力和作用更能显示出来，使用正确。故选B。”指不能有一点儿缺少，使用正确；C项，“见仁见智”指对同一个问题，
确。故选B。，使用正确；D项，“相得益彰”指两个人或两件事物互相配合，双方的能力和作用更能显示出来，使用正确。故选B。不能有一点儿缺少，使用正确；C项，“见仁见智”指对同一个问题，不同的人从不
故选B。用正确；D项，“相得益彰”指两个人或两件事物互相配合，双方的能力和作用更能显示出来，使用正确。故选B。有一点儿缺少，使用正确；C项，“见仁见智”指对同一个问题，不同的人从不同的角度有不
B。确；D项，“相得益彰”指两个人或两件事物互相配合，双方的能力和作用更能显示出来，使用正确。故选B。点儿缺少，使用正确；C项，“见仁见智”指对同一个问题，不同的人从不同的角度有不同的看法，使
【答案】 B 【解析】本题考查学生正确使用词语（包括熟语）的能力。A项，“不可或缺”指不能有一点儿缺少，使用正确；C项，“见仁见智”指对同一个问题，不同的人从不同的角度有不同的看法，使用正确；
35、（山东省青岛市2020-2021学年高二上学期期末语文试题）
D项，“相得益彰”指两个人或两件事物互相配合，双方的能力和作用更能显示出来，使用正确。故选B。缺少，使用正确；C项，“见仁见智”指对同一个问题，不同的人从不同的角度有不同的看法，使用正确；D项
案】 B 【解析】本题考查学生正确使用词语（包括熟语）的能力。A项，“不可或缺”指不能有一点儿缺少，使用正确；C项，“见仁见智”指对同一个问题，不同的人从不同的角度有不同的看法，使用正确；D项
，“相得益彰”指两个人或两件事物互相配合，双方的能力和作用更能显示出来，使用正确。故选B。，使用正确；C项，“见仁见智”指对同一个问题，不同的人从不同的角度有不同的看法，使用正确；D项，“相得
B 【解析】本题考查学生正确使用词语（包括熟语）的能力。A项，“不可或缺”指不能有一点儿缺少，使用正确；C项，“见仁见智”指对同一个问题，不同的人从不同的角度有不同的看法，使用正确；D项，“
相得益彰”指两个人或两件事物互相配合，双方的能力和作用更能显示出来，使用正确。故选B。用正确；C项，“见仁见智”指对同一个问题，不同的人从不同的角度有不同的看法，使用正确；D项，“相得益彰”指
【解析】本题考查学生正确使用词语（包括熟语）的能力。A项，“不可或缺”指不能有一点儿缺少，使用正确；C项，“见仁见智”指对同一个问题，不同的人从不同的角度有不同的看法，使用正确；D项，“相得
益彰”指两个人或两件事物互相配合，双方的能力和作用更能显示出来，使用正确。故选B。确；C项，“见仁见智”指对同一个问题，不同的人从不同的角度有不同的看法，使用正确；D项，“相得益彰”指两个人或
解析】本题考查学生正确使用词语（包括熟语）的能力。A项，“不可或缺”指不能有一点儿缺少，使用正确；C项，“见仁见智”指对同一个问题，不同的人从不同的角度有不同的看法，使用正确；D项，“相得益彰
”指两个人或两件事物互相配合，双方的能力和作用更能显示出来，使用正确。故选B。C项，“见仁见智”指对同一个问题，不同的人从不同的角度有不同的看法，使用正确；D项，“相得益彰”指两个人或两件事物
】本题考查学生正确使用词语（包括熟语）的能力。A项，“不可或缺”指不能有一点儿缺少，使用正确；C项，“见仁见智”指对同一个问题，不同的人从不同的角度有不同的看法，使用正确；D项，“相得益彰”指
36、（湖北省宜昌市2020-2021学年高三上学期期末语文试题）
两个人或两件事物互相配合，双方的能力和作用更能显示出来，使用正确。故选B。，“见仁见智”指对同一个问题，不同的人从不同的角度有不同的看法，使用正确；D项，“相得益彰”指两个人或两件事物互相配合
题考查学生正确使用词语（包括熟语）的能力。A项，“不可或缺”指不能有一点儿缺少，使用正确；C项，“见仁见智”指对同一个问题，不同的人从不同的角度有不同的看法，使用正确；D项，“相得益彰”指两个
人或两件事物互相配合，双方的能力和作用更能显示出来，使用正确。故选B。见仁见智”指对同一个问题，不同的人从不同的角度有不同的看法，使用正确；D项，“相得益彰”指两个人或两件事物互相配合，双方的
查学生正确使用词语（包括熟语）的能力。A项，“不可或缺”指不能有一点儿缺少，使用正确；C项，“见仁见智”指对同一个问题，不同的人从不同的角度有不同的看法，使用正确；D项，“相得益彰”指两个人或
两件事物互相配合，双方的能力和作用更能显示出来，使用正确。故选B。见智”指对同一个问题，不同的人从不同的角度有不同的看法，使用正确；D项，“相得益彰”指两个人或两件事物互相配合，双方的能力和作
生正确使用词语（包括熟语）的能力。A项，“不可或缺”指不能有一点儿缺少，使用正确；C项，“见仁见智”指对同一个问题，不同的人从不同的角度有不同的看法，使用正确；D项，“相得益彰”指两个人或两件
事物互相配合，双方的能力和作用更能显示出来，使用正确。故选B。”指对同一个问题，不同的人从不同的角度有不同的看法，使用正确；D项，“相得益彰”指两个人或两件事物互相配合，双方的能力和作用更能显
确使用词语（包括熟语）的能力。A项，“不可或缺”指不能有一点儿缺少，使用正确；C项，“见仁见智”指对同一个问题，不同的人从不同的角度有不同的看法，使用正确；D项，“相得益彰”指两个人或两件事物
37、（福建省厦门市2020-2021学年高二上学期期末语文试题）
互相配合，双方的能力和作用更能显示出来，使用正确。故选B。对同一个问题，不同的人从不同的角度有不同的看法，使用正确；D项，“相得益彰”指两个人或两件事物互相配合，双方的能力和作用更能显示出来，
用词语（包括熟语）的能力。A项，“不可或缺”指不能有一点儿缺少，使用正确；C项，“见仁见智”指对同一个问题，不同的人从不同的角度有不同的看法，使用正确；D项，“相得益彰”指两个人或两件事物互相
配合，双方的能力和作用更能显示出来，使用正确。故选B。一个问题，不同的人从不同的角度有不同的看法，使用正确；D项，“相得益彰”指两个人或两件事物互相配合，双方的能力和作用更能显示出来，使用正确
语（包括熟语）的能力。A项，“不可或缺”指不能有一点儿缺少，使用正确；C项，“见仁见智”指对同一个问题，不同的人从不同的角度有不同的看法，使用正确；D项，“相得益彰”指两个人或两件事物互相配合
，双方的能力和作用更能显示出来，使用正确。故选B。问题，不同的人从不同的角度有不同的看法，使用正确；D项，“相得益彰”指两个人或两件事物互相配合，双方的能力和作用更能显示出来，使用正确。故选B
包括熟语）的能力。A项，“不可或缺”指不能有一点儿缺少，使用正确；C项，“见仁见智”指对同一个问题，不同的人从不同的角度有不同的看法，使用正确；D项，“相得益彰”指两个人或两件事物互相配合，双
方的能力和作用更能显示出来，使用正确。故选B。，不同的人从不同的角度有不同的看法，使用正确；D项，“相得益彰”指两个人或两件事物互相配合，双方的能力和作用更能显示出来，使用正确。故选B。熟语）
能力和作用更能显示出来，使用正确。故选B。同的人从不同的角度有不同的看法，使用正确；D项，“相得益彰”指两个人或两件事物互相配合，双方的能力和作用更能显示出来，使用正确。故选B。）的能力。A项
和作用更能显示出来，使用正确。故选B。人从不同的角度有不同的看法，使用正确；D项，“相得益彰”指两个人或两件事物互相配合，双方的能力和作用更能显示出来，使用正确。故选B。能力。A项，“不可或缺
38、（四川省绵阳市2020-2021学年高三上学期期末语文试题）
用更能显示出来，使用正确。故选B。不同的角度有不同的看法，使用正确；D项，“相得益彰”指两个人或两件事物互相配合，双方的能力和作用更能显示出来，使用正确。故选B。。A项，“不可或缺”指不能有一
能显示出来，使用正确。故选B。的角度有不同的看法，使用正确；D项，“相得益彰”指两个人或两件事物互相配合，双方的能力和作用更能显示出来，使用正确。故选B。项，“不可或缺”指不能有一点儿缺少，使
示出来，使用正确。故选B。度有不同的看法，使用正确；D项，“相得益彰”指两个人或两件事物互相配合，双方的能力和作用更能显示出来，使用正确。故选B。“不可或缺”指不能有一点儿缺少，使用正确；C项
来，使用正确。故选B。不同的看法，使用正确；D项，“相得益彰”指两个人或两件事物互相配合，双方的能力和作用更能显示出来，使用正确。故选B。可或缺”指不能有一点儿缺少，使用正确；C项，“见仁见智
使用正确。故选B。的看法，使用正确；D项，“相得益彰”指两个人或两件事物互相配合，双方的能力和作用更能显示出来，使用正确。故选B。缺”指不能有一点儿缺少，使用正确；C项，“见仁见智”指对同一个
正确。故选B。法，使用正确；D项，“相得益彰”指两个人或两件事物互相配合，双方的能力和作用更能显示出来，使用正确。故选B。指不能有一点儿缺少，使用正确；C项，“见仁见智”指对同一个问题，不同的
。故选B。使用正确；D项，“相得益彰”指两个人或两件事物互相配合，双方的能力和作用更能显示出来，使用正确。故选B。能有一点儿缺少，使用正确；C项，“见仁见智”指对同一个问题，不同的人从不同的角
选B。正确；D项，“相得益彰”指两个人或两件事物互相配合，双方的能力和作用更能显示出来，使用正确。故选B。一点儿缺少，使用正确；C项，“见仁见智”指对同一个问题，不同的人从不同的角度有不同的看
。；D项，“相得益彰”指两个人或两件事物互相配合，双方的能力和作用更能显示出来，使用正确。故选B。儿缺少，使用正确；C项，“见仁见智”指对同一个问题，不同的人从不同的角度有不同的看法，使用正确
答案】 B 【解析】本题考查学生正确使用词语（包括熟语）的能力。A项，“不可或缺”指不能有一点儿缺少，使用正确；C项，“见仁见智”指对同一个问题，不同的人从不同的角度有不同的看法，使用正确；D
39、（湖南省株洲市2020-2021学年高二上学期期末语文试题）
项，“相得益彰”指两个人或两件事物互相配合，双方的能力和作用更能显示出来，使用正确。故选B。少，使用正确；C项，“见仁见智”指对同一个问题，不同的人从不同的角度有不同的看法，使用正确；D项，“
】 B 【解析】本题考查学生正确使用词语（包括熟语）的能力。A项，“不可或缺”指不能有一点儿缺少，使用正确；C项，“见仁见智”指对同一个问题，不同的人从不同的角度有不同的看法，使用正确；D项，
“相得益彰”指两个人或两件事物互相配合，双方的能力和作用更能显示出来，使用正确。故选B。使用正确；C项，“见仁见智”指对同一个问题，不同的人从不同的角度有不同的看法，使用正确；D项，“相得益彰
B 【解析】本题考查学生正确使用词语（包括熟语）的能力。A项，“不可或缺”指不能有一点儿缺少，使用正确；C项，“见仁见智”指对同一个问题，不同的人从不同的角度有不同的看法，使用正确；D项，“相
得益彰”指两个人或两件事物互相配合，双方的能力和作用更能显示出来，使用正确。故选B。正确；C项，“见仁见智”指对同一个问题，不同的人从不同的角度有不同的看法，使用正确；D项，“相得益彰”指两个
【解析】本题考查学生正确使用词语（包括熟语）的能力。A项，“不可或缺”指不能有一点儿缺少，使用正确；C项，“见仁见智”指对同一个问题，不同的人从不同的角度有不同的看法，使用正确；D项，“相得益
彰”指两个人或两件事物互相配合，双方的能力和作用更能显示出来，使用正确。故选B。；C项，“见仁见智”指对同一个问题，不同的人从不同的角度有不同的看法，使用正确；D项，“相得益彰”指两个人或两件
析】本题考查学生正确使用词语（包括熟语）的能力。A项，“不可或缺”指不能有一点儿缺少，使用正确；C项，“见仁见智”指对同一个问题，不同的人从不同的角度有不同的看法，使用正确；D项，“相得益彰”
40、（河北省保定市2020-2021学年高三上学期期末语文试题）
指两个人或两件事物互相配合，双方的能力和作用更能显示出来，使用正确。故选B。项，“见仁见智”指对同一个问题，不同的人从不同的角度有不同的看法，使用正确；D项，“相得益彰”指两个人或两件事物互相
本题考查学生正确使用词语（包括熟语）的能力。A项，“不可或缺”指不能有一点儿缺少，使用正确；C项，“见仁见智”指对同一个问题，不同的人从不同的角度有不同的看法，使用正确；D项，“相得益彰”指两
个人或两件事物互相配合，双方的能力和作用更能显示出来，使用正确。故选B。“见仁见智”指对同一个问题，不同的人从不同的角度有不同的看法，使用正确；D项，“相得益彰”指两个人或两件事物互相配合，双
考查学生正确使用词语（包括熟语）的能力。A项，“不可或缺”指不能有一点儿缺少，使用正确；C项，“见仁见智”指对同一个问题，不同的人从不同的角度有不同的看法，使用正确；D项，“相得益彰”指两个人
或两件事物互相配合，双方的能力和作用更能显示出来，使用正确。故选B。仁见智”指对同一个问题，不同的人从不同的角度有不同的看法，使用正确；D项，“相得益彰”指两个人或两件事物互相配合，双方的能力
学生正确使用词语（包括熟语）的能力。A项，“不可或缺”指不能有一点儿缺少，使用正确；C项，“见仁见智”指对同一个问题，不同的人从不同的角度有不同的看法，使用正确；D项，“相得益彰”指两个人或两
件事物互相配合，双方的能力和作用更能显示出来，使用正确。故选B。智”指对同一个问题，不同的人从不同的角度有不同的看法，使用正确；D项，“相得益彰”指两个人或两件事物互相配合，双方的能力和作用更
正确使用词语（包括熟语）的能力。A项，“不可或缺”指不能有一点儿缺少，使用正确；C项，“见仁见智”指对同一个问题，不同的人从不同的角度有不同的看法，使用正确；D项，“相得益彰”指两个人或两件事
物互相配合，双方的能力和作用更能显示出来，使用正确。故选B。指对同一个问题，不同的人从不同的角度有不同的看法，使用正确；D项，“相得益彰”指两个人或两件事物互相配合，双方的能力和作用更能显示出
学 高中语
